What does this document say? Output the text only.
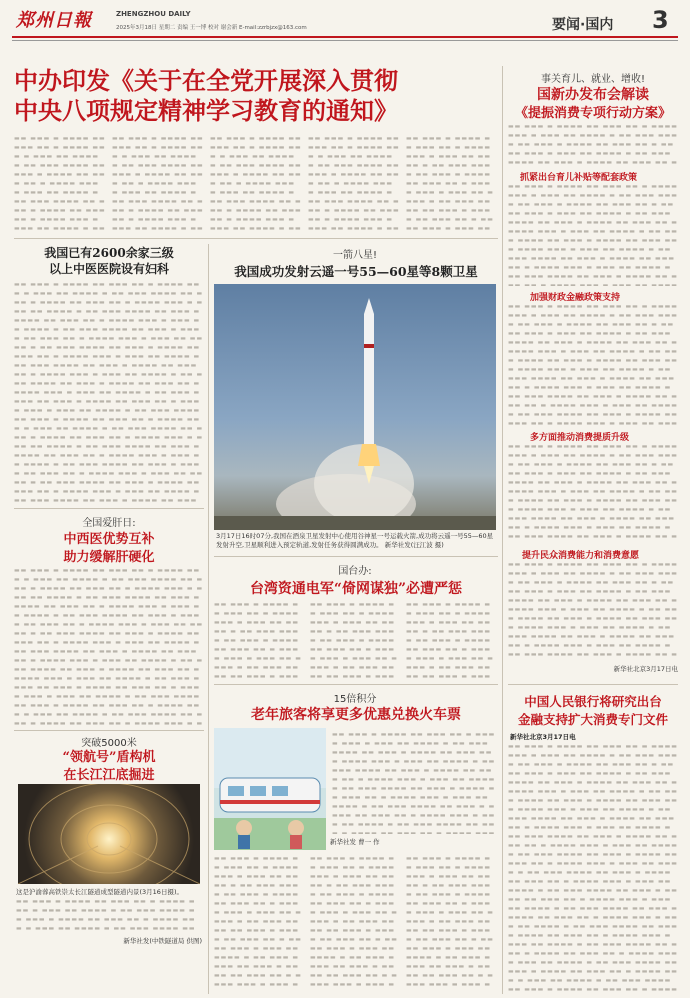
郑州日報	ZHENGZHOU DAILY
2025年3月18日 星期二 责编 王一博 校对 谢会新 E-mail:zzrbjzx@163.com	要闻·国内 3
中办印发《关于在全党开展深入贯彻
中央八项规定精神学习教育的通知》
▬▬ ▬▬▬ ▬ ▬▬▬▬ ▬▬ ▬▬▬ ▬▬ ▬ ▬▬▬▬ ▬▬▬ ▬ ▬▬▬ ▬▬ ▬▬▬▬ ▬ ▬▬ ▬▬▬ ▬▬▬▬ ▬▬ ▬▬▬ ▬ ▬▬▬▬ ▬▬ ▬▬▬ ▬▬ ▬ ▬▬▬▬ ▬▬▬ ▬ ▬▬▬ ▬▬ ▬▬▬▬ ▬ ▬▬ ▬▬▬ ▬▬▬▬ ▬▬ ▬▬▬ ▬ ▬▬▬▬ ▬▬ ▬▬▬ ▬▬ ▬ ▬▬▬▬ ▬▬▬ ▬ ▬▬▬ ▬▬ ▬▬▬▬ ▬ ▬▬ ▬▬▬ ▬▬▬▬ ▬▬ ▬▬▬ ▬ ▬▬▬▬ ▬▬ ▬▬▬ ▬▬ ▬ ▬▬▬▬ ▬▬▬ ▬ ▬▬▬ ▬▬ ▬▬▬▬ ▬ ▬▬ ▬▬▬ ▬▬▬▬ ▬▬ ▬▬▬ ▬ ▬▬▬▬ ▬▬ ▬▬▬ ▬▬ ▬ ▬▬▬▬ ▬▬▬ ▬ ▬▬▬ ▬▬ ▬▬▬▬ ▬ ▬▬ ▬▬▬ ▬▬▬▬ ▬▬ ▬▬▬ ▬ ▬▬▬▬ ▬▬ ▬▬▬ ▬▬ ▬ ▬▬▬▬ ▬▬▬ ▬ ▬▬▬ ▬▬ ▬▬▬▬ ▬ ▬▬ ▬▬▬ ▬▬▬▬ ▬▬ ▬▬▬ ▬ ▬▬▬▬ ▬▬ ▬▬▬ ▬▬ ▬ ▬▬▬▬ ▬▬▬ ▬ ▬▬▬ ▬▬ ▬▬▬▬ ▬ ▬▬ ▬▬▬ ▬▬▬▬ ▬▬ ▬▬▬ ▬ ▬▬▬▬ ▬▬ ▬▬▬ ▬▬ ▬ ▬▬▬▬ ▬▬▬ ▬ ▬▬▬ ▬▬ ▬▬▬▬ ▬ ▬▬ ▬▬▬ ▬▬▬▬ ▬▬ ▬▬▬ ▬ ▬▬▬▬ ▬▬ ▬▬▬ ▬▬ ▬ ▬▬▬▬ ▬▬▬ ▬ ▬▬▬ ▬▬ ▬▬▬▬ ▬ ▬▬ ▬▬▬ ▬▬▬▬ ▬▬ ▬▬▬ ▬ ▬▬▬▬ ▬▬ ▬▬▬ ▬▬ ▬ ▬▬▬▬ ▬▬▬ ▬ ▬▬▬ ▬▬ ▬▬▬▬ ▬ ▬▬ ▬▬▬ ▬▬▬▬ ▬▬ ▬▬▬ ▬ ▬▬▬▬ ▬▬ ▬▬▬ ▬▬ ▬ ▬▬▬▬ ▬▬▬ ▬ ▬▬▬ ▬▬ ▬▬▬▬ ▬ ▬▬ ▬▬▬ ▬▬▬▬ ▬▬ ▬▬▬ ▬ ▬▬▬▬ ▬▬ ▬▬▬ ▬▬ ▬ ▬▬▬▬ ▬▬▬ ▬ ▬▬▬ ▬▬ ▬▬▬▬ ▬ ▬▬ ▬▬▬ ▬▬▬▬ ▬▬ ▬▬▬ ▬ ▬▬▬▬ ▬▬ ▬▬▬ ▬▬ ▬ ▬▬▬▬ ▬▬▬ ▬ ▬▬▬ ▬▬ ▬▬▬▬ ▬ ▬▬ ▬▬▬ ▬▬▬▬ ▬▬ ▬▬▬ ▬ ▬▬▬▬ ▬▬ ▬▬▬ ▬▬ ▬ ▬▬▬▬ ▬▬▬ ▬ ▬▬▬ ▬▬ ▬▬▬▬ ▬ ▬▬ ▬▬▬ ▬▬▬▬ ▬▬ ▬▬▬ ▬ ▬▬▬▬ ▬▬ ▬▬▬ ▬▬ ▬ ▬▬▬▬ ▬▬▬ ▬ ▬▬▬ ▬▬ ▬▬▬▬ ▬ ▬▬ ▬▬▬ ▬▬▬▬ ▬▬ ▬▬▬ ▬ ▬▬▬▬ ▬▬ ▬▬▬ ▬▬ ▬ ▬▬▬▬ ▬▬▬ ▬ ▬▬▬ ▬▬ ▬▬▬▬ ▬ ▬▬ ▬▬▬ ▬▬▬▬ ▬▬ ▬▬▬ ▬ ▬▬▬▬ ▬▬ ▬▬▬ ▬▬ ▬ ▬▬▬▬ ▬▬▬ ▬ ▬▬▬ ▬▬ ▬▬▬▬ ▬ ▬▬ ▬▬▬ ▬▬▬▬ ▬▬ ▬▬▬ ▬ ▬▬▬▬ ▬▬ ▬▬▬ ▬▬ ▬ ▬▬▬▬ ▬▬▬ ▬ ▬▬▬ ▬▬ ▬▬▬▬ ▬ ▬▬ ▬▬▬ ▬▬▬▬ ▬▬ ▬▬▬ ▬ ▬▬▬▬ ▬▬ ▬▬▬ ▬▬ ▬ ▬▬▬▬ ▬▬▬ ▬ ▬▬▬ ▬▬ ▬▬▬▬ ▬ ▬▬ ▬▬▬ ▬▬▬▬ ▬▬ ▬▬▬ ▬ ▬▬▬▬ ▬▬ ▬▬▬ ▬▬ ▬ ▬▬▬▬ ▬▬▬ ▬ ▬▬▬ ▬▬ ▬▬▬▬ ▬ ▬▬ ▬▬▬ ▬▬▬▬ ▬▬ ▬▬▬ ▬ ▬▬▬▬ ▬▬ ▬▬▬ ▬▬ ▬ ▬▬▬▬ ▬▬▬ ▬ ▬▬▬ ▬▬ ▬▬▬▬ ▬ ▬▬ ▬▬▬ ▬▬▬▬ ▬▬ ▬▬▬ ▬ ▬▬▬▬ ▬▬ ▬▬▬ ▬▬ ▬ ▬▬▬▬ ▬▬▬ ▬ ▬▬▬ ▬▬ ▬▬▬▬ ▬ ▬▬ ▬▬▬ ▬▬▬▬ ▬▬ ▬▬▬ ▬ ▬▬▬▬ ▬▬ ▬▬▬ ▬▬ ▬ ▬▬▬▬ ▬▬▬ ▬ ▬▬▬ ▬▬ ▬▬▬▬ ▬ ▬▬ ▬▬▬ ▬▬▬▬ ▬▬ ▬▬▬ ▬ ▬▬▬▬ ▬▬ ▬▬▬ ▬▬ ▬ ▬▬▬▬ ▬▬▬ ▬ ▬▬▬ ▬▬ ▬▬▬▬ ▬ ▬▬ ▬▬▬ ▬▬▬▬ ▬▬ ▬▬▬ ▬ ▬▬▬▬ ▬▬ ▬▬▬ ▬▬ ▬ ▬▬▬▬ ▬▬▬ ▬ ▬▬▬ ▬▬ ▬▬▬▬ ▬ ▬▬ ▬▬▬ ▬▬▬▬ ▬▬ ▬▬▬ ▬ ▬▬▬▬ ▬▬ ▬▬▬ ▬▬ ▬ ▬▬▬▬ ▬▬▬ ▬ ▬▬▬ ▬▬ ▬▬▬▬ ▬ ▬▬ ▬▬▬ ▬▬▬▬ ▬▬ ▬▬▬ ▬ ▬▬▬▬ ▬▬ ▬▬▬ ▬▬ ▬ ▬▬▬▬ ▬▬▬ ▬ ▬▬▬ ▬▬ ▬▬▬▬ ▬ ▬▬ ▬▬▬ ▬▬▬▬ ▬▬ ▬▬▬ ▬ ▬▬▬▬ ▬▬ ▬▬▬ ▬▬ ▬ ▬▬▬▬ ▬▬▬ ▬ ▬▬▬ ▬▬ ▬▬▬▬ ▬ ▬▬ ▬▬▬ ▬▬▬▬ ▬▬ ▬▬▬ ▬ ▬▬▬▬ ▬▬ ▬▬▬ ▬▬ ▬ ▬▬▬▬ ▬▬▬ ▬ ▬▬▬ ▬▬ ▬▬▬▬ ▬ ▬▬ ▬▬▬ ▬▬▬▬ ▬▬ ▬▬▬ ▬ ▬▬▬▬ ▬▬ ▬▬▬ ▬▬ ▬ ▬▬▬▬ ▬▬▬ ▬ ▬▬▬ ▬▬ ▬▬▬▬ ▬ ▬▬ ▬▬▬ ▬▬▬▬ ▬▬ ▬▬▬ ▬ ▬▬▬▬ ▬▬ ▬▬▬ ▬▬ ▬ ▬▬▬▬ ▬▬▬ ▬ ▬▬▬ ▬▬ ▬▬▬▬ ▬ ▬▬ ▬▬▬ ▬▬▬▬ ▬▬ ▬▬▬ ▬
▬▬ ▬▬▬ ▬ ▬▬▬▬ ▬▬ ▬▬▬ ▬▬ ▬ ▬▬▬▬ ▬▬▬ ▬ ▬▬▬ ▬▬ ▬▬▬▬ ▬ ▬▬ ▬▬▬ ▬▬▬▬ ▬▬ ▬▬▬ ▬ ▬▬▬▬ ▬▬ ▬▬▬ ▬▬ ▬ ▬▬▬▬ ▬▬▬ ▬ ▬▬▬ ▬▬ ▬▬▬▬ ▬ ▬▬ ▬▬▬ ▬▬▬▬ ▬▬ ▬▬▬ ▬ ▬▬▬▬ ▬▬ ▬▬▬ ▬▬ ▬ ▬▬▬▬ ▬▬▬ ▬ ▬▬▬ ▬▬ ▬▬▬▬ ▬ ▬▬ ▬▬▬ ▬▬▬▬ ▬▬ ▬▬▬ ▬ ▬▬▬▬ ▬▬ ▬▬▬ ▬▬ ▬ ▬▬▬▬ ▬▬▬ ▬ ▬▬▬ ▬▬ ▬▬▬▬ ▬ ▬▬ ▬▬▬ ▬▬▬▬ ▬▬ ▬▬▬ ▬ ▬▬▬▬ ▬▬ ▬▬▬ ▬▬ ▬ ▬▬▬▬ ▬▬▬ ▬ ▬▬▬ ▬▬ ▬▬▬▬ ▬ ▬▬ ▬▬▬ ▬▬▬▬ ▬▬ ▬▬▬ ▬ ▬▬▬▬ ▬▬ ▬▬▬ ▬▬ ▬ ▬▬▬▬ ▬▬▬ ▬ ▬▬▬ ▬▬ ▬▬▬▬ ▬ ▬▬ ▬▬▬ ▬▬▬▬ ▬▬ ▬▬▬ ▬ ▬▬▬▬ ▬▬ ▬▬▬ ▬▬ ▬ ▬▬▬▬ ▬▬▬ ▬ ▬▬▬ ▬▬ ▬▬▬▬ ▬ ▬▬ ▬▬▬ ▬▬▬▬ ▬▬ ▬▬▬ ▬ ▬▬▬▬ ▬▬ ▬▬▬ ▬▬ ▬ ▬▬▬▬ ▬▬▬ ▬ ▬▬▬ ▬▬ ▬▬▬▬ ▬ ▬▬ ▬▬▬ ▬▬▬▬ ▬▬ ▬▬▬ ▬ ▬▬▬▬ ▬▬ ▬▬▬ ▬▬ ▬ ▬▬▬▬ ▬▬▬ ▬ ▬▬▬ ▬▬ ▬▬▬▬ ▬ ▬▬ ▬▬▬ ▬▬▬▬ ▬▬ ▬▬▬ ▬ ▬▬▬▬ ▬▬ ▬▬▬ ▬▬ ▬ ▬▬▬▬ ▬▬▬ ▬ ▬▬▬ ▬▬ ▬▬▬▬ ▬ ▬▬ ▬▬▬ ▬▬▬▬ ▬▬ ▬▬▬ ▬ ▬▬▬▬ ▬▬ ▬▬▬ ▬▬ ▬ ▬▬▬▬ ▬▬▬ ▬ ▬▬▬ ▬▬ ▬▬▬▬ ▬ ▬▬ ▬▬▬ ▬▬▬▬ ▬▬ ▬▬▬ ▬ ▬▬▬▬ ▬▬ ▬▬▬ ▬▬ ▬ ▬▬▬▬ ▬▬▬ ▬ ▬▬▬ ▬▬ ▬▬▬▬ ▬ ▬▬ ▬▬▬ ▬▬▬▬ ▬▬ ▬▬▬ ▬ ▬▬▬▬ ▬▬ ▬▬▬ ▬▬ ▬ ▬▬▬▬ ▬▬▬ ▬ ▬▬▬ ▬▬ ▬▬▬▬ ▬ ▬▬ ▬▬▬ ▬▬▬▬ ▬▬ ▬▬▬ ▬ ▬▬▬▬ ▬▬ ▬▬▬ ▬▬ ▬ ▬▬▬▬ ▬▬▬ ▬ ▬▬▬ ▬▬ ▬▬▬▬ ▬ ▬▬ ▬▬▬ ▬▬▬▬ ▬▬ ▬▬▬ ▬ ▬▬▬▬ ▬▬ ▬▬▬ ▬▬ ▬ ▬▬▬▬ ▬▬▬ ▬ ▬▬▬ ▬▬ ▬▬▬▬ ▬ ▬▬ ▬▬▬ ▬▬▬▬ ▬▬ ▬▬▬ ▬ ▬▬▬▬ ▬▬ ▬▬▬ ▬▬ ▬ ▬▬▬▬ ▬▬▬ ▬ ▬▬▬ ▬▬ ▬▬▬▬ ▬ ▬▬ ▬▬▬ ▬▬▬▬ ▬▬ ▬▬▬ ▬ ▬▬▬▬ ▬▬ ▬▬▬ ▬▬ ▬ ▬▬▬▬ ▬▬▬ ▬ ▬▬▬ ▬▬ ▬▬▬▬ ▬ ▬▬ ▬▬▬ ▬▬▬▬ ▬▬ ▬▬▬ ▬ ▬▬▬▬ ▬▬ ▬▬▬ ▬▬ ▬ ▬▬▬▬ ▬▬▬ ▬ ▬▬▬ ▬▬ ▬▬▬▬ ▬ ▬▬ ▬▬▬ ▬▬▬▬ ▬▬ ▬▬▬ ▬ ▬▬▬▬ ▬▬ ▬▬▬ ▬▬ ▬ ▬▬▬▬ ▬▬▬ ▬ ▬▬▬ ▬▬ ▬▬▬▬ ▬ ▬▬ ▬▬▬ ▬▬▬▬ ▬▬ ▬▬▬ ▬ ▬▬▬▬ ▬▬ ▬▬▬ ▬▬ ▬ ▬▬▬▬ ▬▬▬ ▬ ▬▬▬ ▬▬ ▬▬▬▬ ▬ ▬▬ ▬▬▬ ▬▬▬▬ ▬▬ ▬▬▬ ▬ ▬▬▬▬ ▬▬ ▬▬▬ ▬▬ ▬ ▬▬▬▬ ▬▬▬ ▬ ▬▬▬ ▬▬ ▬▬▬▬ ▬ ▬▬ ▬▬▬ ▬▬▬▬ ▬▬ ▬▬▬ ▬ ▬▬▬▬ ▬▬ ▬▬▬ ▬▬ ▬ ▬▬▬▬ ▬▬▬ ▬ ▬▬▬ ▬▬ ▬▬▬▬ ▬ ▬▬ ▬▬▬ ▬▬▬▬ ▬▬ ▬▬▬ ▬ ▬▬▬▬ ▬▬ ▬▬▬ ▬▬ ▬ ▬▬▬▬ ▬▬▬ ▬ ▬▬▬ ▬▬ ▬▬▬▬ ▬ ▬▬ ▬▬▬ ▬▬▬▬ ▬▬ ▬▬▬ ▬ ▬▬▬▬ ▬▬ ▬▬▬ ▬▬ ▬ ▬▬▬▬ ▬▬▬ ▬ ▬▬▬ ▬▬ ▬▬▬▬ ▬ ▬▬ ▬▬▬ ▬▬▬▬ ▬▬ ▬▬▬ ▬ ▬▬▬▬ ▬▬ ▬▬▬ ▬▬ ▬ ▬▬▬▬ ▬▬▬ ▬ ▬▬▬ ▬▬ ▬▬▬▬ ▬ ▬▬ ▬▬▬ ▬▬▬▬ ▬▬ ▬▬▬ ▬ ▬▬▬▬ ▬▬ ▬▬▬ ▬▬ ▬ ▬▬▬▬ ▬▬▬ ▬ ▬▬▬ ▬▬ ▬▬▬▬ ▬ ▬▬ ▬▬▬ ▬▬▬▬ ▬▬ ▬▬▬ ▬ ▬▬▬▬ ▬▬ ▬▬▬ ▬▬ ▬ ▬▬▬▬ ▬▬▬ ▬ ▬▬▬ ▬▬ ▬▬▬▬ ▬ ▬▬ ▬▬▬ ▬▬▬▬ ▬▬ ▬▬▬ ▬ ▬▬▬▬ ▬▬ ▬▬▬ ▬▬ ▬ ▬▬▬▬ ▬▬▬ ▬ ▬▬▬ ▬▬ ▬▬▬▬ ▬ ▬▬ ▬▬▬ ▬▬▬▬ ▬▬ ▬▬▬ ▬ ▬▬▬▬ ▬▬ ▬▬▬ ▬▬ ▬ ▬▬▬▬ ▬▬▬ ▬ ▬▬▬ ▬▬ ▬▬▬▬ ▬ ▬▬ ▬▬▬ ▬▬▬▬ ▬▬ ▬▬▬ ▬ ▬▬▬▬ ▬▬ ▬▬▬ ▬▬ ▬ ▬▬▬▬ ▬▬▬ ▬ ▬▬▬ ▬▬ ▬▬▬▬ ▬ ▬▬ ▬▬▬ ▬▬▬▬ ▬▬ ▬▬▬ ▬ ▬▬▬▬ ▬▬ ▬▬▬ ▬▬ ▬ ▬▬▬▬ ▬▬▬ ▬ ▬▬▬ ▬▬ ▬▬▬▬ ▬ ▬▬ ▬▬▬ ▬▬▬▬ ▬▬ ▬▬▬ ▬
▬▬ ▬▬▬ ▬ ▬▬▬▬ ▬▬ ▬▬▬ ▬▬ ▬ ▬▬▬▬ ▬▬▬ ▬ ▬▬▬ ▬▬ ▬▬▬▬ ▬ ▬▬ ▬▬▬ ▬▬▬▬ ▬▬ ▬▬▬ ▬ ▬▬▬▬ ▬▬ ▬▬▬ ▬▬ ▬ ▬▬▬▬ ▬▬▬ ▬ ▬▬▬ ▬▬ ▬▬▬▬ ▬ ▬▬ ▬▬▬ ▬▬▬▬ ▬▬ ▬▬▬ ▬ ▬▬▬▬ ▬▬ ▬▬▬ ▬▬ ▬ ▬▬▬▬ ▬▬▬ ▬ ▬▬▬ ▬▬ ▬▬▬▬ ▬ ▬▬ ▬▬▬ ▬▬▬▬ ▬▬ ▬▬▬ ▬ ▬▬▬▬ ▬▬ ▬▬▬ ▬▬ ▬ ▬▬▬▬ ▬▬▬ ▬ ▬▬▬ ▬▬ ▬▬▬▬ ▬ ▬▬ ▬▬▬ ▬▬▬▬ ▬▬ ▬▬▬ ▬ ▬▬▬▬ ▬▬ ▬▬▬ ▬▬ ▬ ▬▬▬▬ ▬▬▬ ▬ ▬▬▬ ▬▬ ▬▬▬▬ ▬ ▬▬ ▬▬▬ ▬▬▬▬ ▬▬ ▬▬▬ ▬ ▬▬▬▬ ▬▬ ▬▬▬ ▬▬ ▬ ▬▬▬▬ ▬▬▬ ▬ ▬▬▬ ▬▬ ▬▬▬▬ ▬ ▬▬ ▬▬▬ ▬▬▬▬ ▬▬ ▬▬▬ ▬ ▬▬▬▬ ▬▬ ▬▬▬ ▬▬ ▬ ▬▬▬▬ ▬▬▬ ▬ ▬▬▬ ▬▬ ▬▬▬▬ ▬ ▬▬ ▬▬▬ ▬▬▬▬ ▬▬ ▬▬▬ ▬ ▬▬▬▬ ▬▬ ▬▬▬ ▬▬ ▬ ▬▬▬▬ ▬▬▬ ▬ ▬▬▬ ▬▬ ▬▬▬▬ ▬ ▬▬ ▬▬▬ ▬▬▬▬ ▬▬ ▬▬▬ ▬ ▬▬▬▬ ▬▬ ▬▬▬ ▬▬ ▬ ▬▬▬▬ ▬▬▬ ▬ ▬▬▬ ▬▬ ▬▬▬▬ ▬ ▬▬ ▬▬▬ ▬▬▬▬ ▬▬ ▬▬▬ ▬ ▬▬▬▬ ▬▬ ▬▬▬ ▬▬ ▬ ▬▬▬▬ ▬▬▬ ▬ ▬▬▬ ▬▬ ▬▬▬▬ ▬ ▬▬ ▬▬▬ ▬▬▬▬ ▬▬ ▬▬▬ ▬ ▬▬▬▬ ▬▬ ▬▬▬ ▬▬ ▬ ▬▬▬▬ ▬▬▬ ▬ ▬▬▬ ▬▬ ▬▬▬▬ ▬ ▬▬ ▬▬▬ ▬▬▬▬ ▬▬ ▬▬▬ ▬ ▬▬▬▬ ▬▬ ▬▬▬ ▬▬ ▬ ▬▬▬▬ ▬▬▬ ▬ ▬▬▬ ▬▬ ▬▬▬▬ ▬ ▬▬ ▬▬▬ ▬▬▬▬ ▬▬ ▬▬▬ ▬ ▬▬▬▬ ▬▬ ▬▬▬ ▬▬ ▬ ▬▬▬▬ ▬▬▬ ▬ ▬▬▬ ▬▬ ▬▬▬▬ ▬ ▬▬ ▬▬▬ ▬▬▬▬ ▬▬ ▬▬▬ ▬ ▬▬▬▬ ▬▬ ▬▬▬ ▬▬ ▬ ▬▬▬▬ ▬▬▬ ▬ ▬▬▬ ▬▬ ▬▬▬▬ ▬ ▬▬ ▬▬▬ ▬▬▬▬ ▬▬ ▬▬▬ ▬ ▬▬▬▬ ▬▬ ▬▬▬ ▬▬ ▬ ▬▬▬▬ ▬▬▬ ▬ ▬▬▬ ▬▬ ▬▬▬▬ ▬ ▬▬ ▬▬▬ ▬▬▬▬ ▬▬ ▬▬▬ ▬ ▬▬▬▬ ▬▬ ▬▬▬ ▬▬ ▬ ▬▬▬▬ ▬▬▬ ▬ ▬▬▬ ▬▬ ▬▬▬▬ ▬ ▬▬ ▬▬▬ ▬▬▬▬ ▬▬ ▬▬▬ ▬ ▬▬▬▬ ▬▬ ▬▬▬ ▬▬ ▬ ▬▬▬▬ ▬▬▬ ▬ ▬▬▬ ▬▬ ▬▬▬▬ ▬ ▬▬ ▬▬▬ ▬▬▬▬ ▬▬ ▬▬▬ ▬ ▬▬▬▬ ▬▬ ▬▬▬ ▬▬ ▬ ▬▬▬▬ ▬▬▬ ▬ ▬▬▬ ▬▬ ▬▬▬▬ ▬ ▬▬ ▬▬▬ ▬▬▬▬ ▬▬ ▬▬▬ ▬ ▬▬▬▬ ▬▬ ▬▬▬ ▬▬ ▬ ▬▬▬▬ ▬▬▬ ▬ ▬▬▬ ▬▬ ▬▬▬▬ ▬ ▬▬ ▬▬▬ ▬▬▬▬ ▬▬ ▬▬▬ ▬ ▬▬▬▬ ▬▬ ▬▬▬ ▬▬ ▬ ▬▬▬▬ ▬▬▬ ▬ ▬▬▬ ▬▬ ▬▬▬▬ ▬ ▬▬ ▬▬▬ ▬▬▬▬ ▬▬ ▬▬▬ ▬ ▬▬▬▬ ▬▬ ▬▬▬ ▬▬ ▬ ▬▬▬▬ ▬▬▬ ▬ ▬▬▬ ▬▬ ▬▬▬▬ ▬ ▬▬ ▬▬▬ ▬▬▬▬ ▬▬ ▬▬▬ ▬ ▬▬▬▬ ▬▬ ▬▬▬ ▬▬ ▬ ▬▬▬▬ ▬▬▬ ▬ ▬▬▬ ▬▬ ▬▬▬▬ ▬ ▬▬ ▬▬▬ ▬▬▬▬ ▬▬ ▬▬▬ ▬ ▬▬▬▬ ▬▬ ▬▬▬ ▬▬ ▬ ▬▬▬▬ ▬▬▬ ▬ ▬▬▬ ▬▬ ▬▬▬▬ ▬ ▬▬ ▬▬▬ ▬▬▬▬ ▬▬ ▬▬▬ ▬ ▬▬▬▬ ▬▬ ▬▬▬ ▬▬ ▬ ▬▬▬▬ ▬▬▬ ▬ ▬▬▬ ▬▬ ▬▬▬▬ ▬ ▬▬ ▬▬▬ ▬▬▬▬ ▬▬ ▬▬▬ ▬ ▬▬▬▬ ▬▬ ▬▬▬ ▬▬ ▬ ▬▬▬▬ ▬▬▬ ▬ ▬▬▬ ▬▬ ▬▬▬▬ ▬ ▬▬ ▬▬▬ ▬▬▬▬ ▬▬ ▬▬▬ ▬ ▬▬▬▬ ▬▬ ▬▬▬ ▬▬ ▬ ▬▬▬▬ ▬▬▬ ▬ ▬▬▬ ▬▬ ▬▬▬▬ ▬ ▬▬ ▬▬▬ ▬▬▬▬ ▬▬ ▬▬▬ ▬ ▬▬▬▬ ▬▬ ▬▬▬ ▬▬ ▬ ▬▬▬▬ ▬▬▬ ▬ ▬▬▬ ▬▬ ▬▬▬▬ ▬ ▬▬ ▬▬▬ ▬▬▬▬ ▬▬ ▬▬▬ ▬ ▬▬▬▬ ▬▬ ▬▬▬ ▬▬ ▬ ▬▬▬▬ ▬▬▬ ▬ ▬▬▬ ▬▬ ▬▬▬▬ ▬ ▬▬ ▬▬▬ ▬▬▬▬ ▬▬ ▬▬▬ ▬ ▬▬▬▬ ▬▬ ▬▬▬ ▬▬ ▬ ▬▬▬▬ ▬▬▬ ▬ ▬▬▬ ▬▬ ▬▬▬▬ ▬ ▬▬ ▬▬▬ ▬▬▬▬ ▬▬ ▬▬▬ ▬ ▬▬▬▬ ▬▬ ▬▬▬ ▬▬ ▬ ▬▬▬▬ ▬▬▬ ▬ ▬▬▬ ▬▬ ▬▬▬▬ ▬ ▬▬ ▬▬▬ ▬▬▬▬ ▬▬ ▬▬▬ ▬ ▬▬▬▬ ▬▬ ▬▬▬ ▬▬ ▬ ▬▬▬▬ ▬▬▬ ▬ ▬▬▬ ▬▬ ▬▬▬▬ ▬ ▬▬ ▬▬▬ ▬▬▬▬ ▬▬ ▬▬▬ ▬
▬▬ ▬▬▬ ▬ ▬▬▬▬ ▬▬ ▬▬▬ ▬▬ ▬ ▬▬▬▬ ▬▬▬ ▬ ▬▬▬ ▬▬ ▬▬▬▬ ▬ ▬▬ ▬▬▬ ▬▬▬▬ ▬▬ ▬▬▬ ▬ ▬▬▬▬ ▬▬ ▬▬▬ ▬▬ ▬ ▬▬▬▬ ▬▬▬ ▬ ▬▬▬ ▬▬ ▬▬▬▬ ▬ ▬▬ ▬▬▬ ▬▬▬▬ ▬▬ ▬▬▬ ▬ ▬▬▬▬ ▬▬ ▬▬▬ ▬▬ ▬ ▬▬▬▬ ▬▬▬ ▬ ▬▬▬ ▬▬ ▬▬▬▬ ▬ ▬▬ ▬▬▬ ▬▬▬▬ ▬▬ ▬▬▬ ▬ ▬▬▬▬ ▬▬ ▬▬▬ ▬▬ ▬ ▬▬▬▬ ▬▬▬ ▬ ▬▬▬ ▬▬ ▬▬▬▬ ▬ ▬▬ ▬▬▬ ▬▬▬▬ ▬▬ ▬▬▬ ▬ ▬▬▬▬ ▬▬ ▬▬▬ ▬▬ ▬ ▬▬▬▬ ▬▬▬ ▬ ▬▬▬ ▬▬ ▬▬▬▬ ▬ ▬▬ ▬▬▬ ▬▬▬▬ ▬▬ ▬▬▬ ▬ ▬▬▬▬ ▬▬ ▬▬▬ ▬▬ ▬ ▬▬▬▬ ▬▬▬ ▬ ▬▬▬ ▬▬ ▬▬▬▬ ▬ ▬▬ ▬▬▬ ▬▬▬▬ ▬▬ ▬▬▬ ▬ ▬▬▬▬ ▬▬ ▬▬▬ ▬▬ ▬ ▬▬▬▬ ▬▬▬ ▬ ▬▬▬ ▬▬ ▬▬▬▬ ▬ ▬▬ ▬▬▬ ▬▬▬▬ ▬▬ ▬▬▬ ▬ ▬▬▬▬ ▬▬ ▬▬▬ ▬▬ ▬ ▬▬▬▬ ▬▬▬ ▬ ▬▬▬ ▬▬ ▬▬▬▬ ▬ ▬▬ ▬▬▬ ▬▬▬▬ ▬▬ ▬▬▬ ▬ ▬▬▬▬ ▬▬ ▬▬▬ ▬▬ ▬ ▬▬▬▬ ▬▬▬ ▬ ▬▬▬ ▬▬ ▬▬▬▬ ▬ ▬▬ ▬▬▬ ▬▬▬▬ ▬▬ ▬▬▬ ▬ ▬▬▬▬ ▬▬ ▬▬▬ ▬▬ ▬ ▬▬▬▬ ▬▬▬ ▬ ▬▬▬ ▬▬ ▬▬▬▬ ▬ ▬▬ ▬▬▬ ▬▬▬▬ ▬▬ ▬▬▬ ▬ ▬▬▬▬ ▬▬ ▬▬▬ ▬▬ ▬ ▬▬▬▬ ▬▬▬ ▬ ▬▬▬ ▬▬ ▬▬▬▬ ▬ ▬▬ ▬▬▬ ▬▬▬▬ ▬▬ ▬▬▬ ▬ ▬▬▬▬ ▬▬ ▬▬▬ ▬▬ ▬ ▬▬▬▬ ▬▬▬ ▬ ▬▬▬ ▬▬ ▬▬▬▬ ▬ ▬▬ ▬▬▬ ▬▬▬▬ ▬▬ ▬▬▬ ▬ ▬▬▬▬ ▬▬ ▬▬▬ ▬▬ ▬ ▬▬▬▬ ▬▬▬ ▬ ▬▬▬ ▬▬ ▬▬▬▬ ▬ ▬▬ ▬▬▬ ▬▬▬▬ ▬▬ ▬▬▬ ▬ ▬▬▬▬ ▬▬ ▬▬▬ ▬▬ ▬ ▬▬▬▬ ▬▬▬ ▬ ▬▬▬ ▬▬ ▬▬▬▬ ▬ ▬▬ ▬▬▬ ▬▬▬▬ ▬▬ ▬▬▬ ▬ ▬▬▬▬ ▬▬ ▬▬▬ ▬▬ ▬ ▬▬▬▬ ▬▬▬ ▬ ▬▬▬ ▬▬ ▬▬▬▬ ▬ ▬▬ ▬▬▬ ▬▬▬▬ ▬▬ ▬▬▬ ▬ ▬▬▬▬ ▬▬ ▬▬▬ ▬▬ ▬ ▬▬▬▬ ▬▬▬ ▬ ▬▬▬ ▬▬ ▬▬▬▬ ▬ ▬▬ ▬▬▬ ▬▬▬▬ ▬▬ ▬▬▬ ▬ ▬▬▬▬ ▬▬ ▬▬▬ ▬▬ ▬ ▬▬▬▬ ▬▬▬ ▬ ▬▬▬ ▬▬ ▬▬▬▬ ▬ ▬▬ ▬▬▬ ▬▬▬▬ ▬▬ ▬▬▬ ▬ ▬▬▬▬ ▬▬ ▬▬▬ ▬▬ ▬ ▬▬▬▬ ▬▬▬ ▬ ▬▬▬ ▬▬ ▬▬▬▬ ▬ ▬▬ ▬▬▬ ▬▬▬▬ ▬▬ ▬▬▬ ▬ ▬▬▬▬ ▬▬ ▬▬▬ ▬▬ ▬ ▬▬▬▬ ▬▬▬ ▬ ▬▬▬ ▬▬ ▬▬▬▬ ▬ ▬▬ ▬▬▬ ▬▬▬▬ ▬▬ ▬▬▬ ▬ ▬▬▬▬ ▬▬ ▬▬▬ ▬▬ ▬ ▬▬▬▬ ▬▬▬ ▬ ▬▬▬ ▬▬ ▬▬▬▬ ▬ ▬▬ ▬▬▬ ▬▬▬▬ ▬▬ ▬▬▬ ▬ ▬▬▬▬ ▬▬ ▬▬▬ ▬▬ ▬ ▬▬▬▬ ▬▬▬ ▬ ▬▬▬ ▬▬ ▬▬▬▬ ▬ ▬▬ ▬▬▬ ▬▬▬▬ ▬▬ ▬▬▬ ▬ ▬▬▬▬ ▬▬ ▬▬▬ ▬▬ ▬ ▬▬▬▬ ▬▬▬ ▬ ▬▬▬ ▬▬ ▬▬▬▬ ▬ ▬▬ ▬▬▬ ▬▬▬▬ ▬▬ ▬▬▬ ▬ ▬▬▬▬ ▬▬ ▬▬▬ ▬▬ ▬ ▬▬▬▬ ▬▬▬ ▬ ▬▬▬ ▬▬ ▬▬▬▬ ▬ ▬▬ ▬▬▬ ▬▬▬▬ ▬▬ ▬▬▬ ▬ ▬▬▬▬ ▬▬ ▬▬▬ ▬▬ ▬ ▬▬▬▬ ▬▬▬ ▬ ▬▬▬ ▬▬ ▬▬▬▬ ▬ ▬▬ ▬▬▬ ▬▬▬▬ ▬▬ ▬▬▬ ▬ ▬▬▬▬ ▬▬ ▬▬▬ ▬▬ ▬ ▬▬▬▬ ▬▬▬ ▬ ▬▬▬ ▬▬ ▬▬▬▬ ▬ ▬▬ ▬▬▬ ▬▬▬▬ ▬▬ ▬▬▬ ▬ ▬▬▬▬ ▬▬ ▬▬▬ ▬▬ ▬ ▬▬▬▬ ▬▬▬ ▬ ▬▬▬ ▬▬ ▬▬▬▬ ▬ ▬▬ ▬▬▬ ▬▬▬▬ ▬▬ ▬▬▬ ▬ ▬▬▬▬ ▬▬ ▬▬▬ ▬▬ ▬ ▬▬▬▬ ▬▬▬ ▬ ▬▬▬ ▬▬ ▬▬▬▬ ▬ ▬▬ ▬▬▬ ▬▬▬▬ ▬▬ ▬▬▬ ▬ ▬▬▬▬ ▬▬ ▬▬▬ ▬▬ ▬ ▬▬▬▬ ▬▬▬ ▬ ▬▬▬ ▬▬ ▬▬▬▬ ▬ ▬▬ ▬▬▬ ▬▬▬▬ ▬▬ ▬▬▬ ▬ ▬▬▬▬ ▬▬ ▬▬▬ ▬▬ ▬ ▬▬▬▬ ▬▬▬ ▬ ▬▬▬ ▬▬ ▬▬▬▬ ▬ ▬▬ ▬▬▬ ▬▬▬▬ ▬▬ ▬▬▬ ▬ ▬▬▬▬ ▬▬ ▬▬▬ ▬▬ ▬ ▬▬▬▬ ▬▬▬ ▬ ▬▬▬ ▬▬ ▬▬▬▬ ▬ ▬▬ ▬▬▬ ▬▬▬▬ ▬▬ ▬▬▬ ▬ ▬▬▬▬ ▬▬ ▬▬▬ ▬▬ ▬ ▬▬▬▬ ▬▬▬ ▬ ▬▬▬ ▬▬ ▬▬▬▬ ▬ ▬▬ ▬▬▬ ▬▬▬▬ ▬▬ ▬▬▬ ▬
▬▬ ▬▬▬ ▬ ▬▬▬▬ ▬▬ ▬▬▬ ▬▬ ▬ ▬▬▬▬ ▬▬▬ ▬ ▬▬▬ ▬▬ ▬▬▬▬ ▬ ▬▬ ▬▬▬ ▬▬▬▬ ▬▬ ▬▬▬ ▬ ▬▬▬▬ ▬▬ ▬▬▬ ▬▬ ▬ ▬▬▬▬ ▬▬▬ ▬ ▬▬▬ ▬▬ ▬▬▬▬ ▬ ▬▬ ▬▬▬ ▬▬▬▬ ▬▬ ▬▬▬ ▬ ▬▬▬▬ ▬▬ ▬▬▬ ▬▬ ▬ ▬▬▬▬ ▬▬▬ ▬ ▬▬▬ ▬▬ ▬▬▬▬ ▬ ▬▬ ▬▬▬ ▬▬▬▬ ▬▬ ▬▬▬ ▬ ▬▬▬▬ ▬▬ ▬▬▬ ▬▬ ▬ ▬▬▬▬ ▬▬▬ ▬ ▬▬▬ ▬▬ ▬▬▬▬ ▬ ▬▬ ▬▬▬ ▬▬▬▬ ▬▬ ▬▬▬ ▬ ▬▬▬▬ ▬▬ ▬▬▬ ▬▬ ▬ ▬▬▬▬ ▬▬▬ ▬ ▬▬▬ ▬▬ ▬▬▬▬ ▬ ▬▬ ▬▬▬ ▬▬▬▬ ▬▬ ▬▬▬ ▬ ▬▬▬▬ ▬▬ ▬▬▬ ▬▬ ▬ ▬▬▬▬ ▬▬▬ ▬ ▬▬▬ ▬▬ ▬▬▬▬ ▬ ▬▬ ▬▬▬ ▬▬▬▬ ▬▬ ▬▬▬ ▬ ▬▬▬▬ ▬▬ ▬▬▬ ▬▬ ▬ ▬▬▬▬ ▬▬▬ ▬ ▬▬▬ ▬▬ ▬▬▬▬ ▬ ▬▬ ▬▬▬ ▬▬▬▬ ▬▬ ▬▬▬ ▬ ▬▬▬▬ ▬▬ ▬▬▬ ▬▬ ▬ ▬▬▬▬ ▬▬▬ ▬ ▬▬▬ ▬▬ ▬▬▬▬ ▬ ▬▬ ▬▬▬ ▬▬▬▬ ▬▬ ▬▬▬ ▬ ▬▬▬▬ ▬▬ ▬▬▬ ▬▬ ▬ ▬▬▬▬ ▬▬▬ ▬ ▬▬▬ ▬▬ ▬▬▬▬ ▬ ▬▬ ▬▬▬ ▬▬▬▬ ▬▬ ▬▬▬ ▬ ▬▬▬▬ ▬▬ ▬▬▬ ▬▬ ▬ ▬▬▬▬ ▬▬▬ ▬ ▬▬▬ ▬▬ ▬▬▬▬ ▬ ▬▬ ▬▬▬ ▬▬▬▬ ▬▬ ▬▬▬ ▬ ▬▬▬▬ ▬▬ ▬▬▬ ▬▬ ▬ ▬▬▬▬ ▬▬▬ ▬ ▬▬▬ ▬▬ ▬▬▬▬ ▬ ▬▬ ▬▬▬ ▬▬▬▬ ▬▬ ▬▬▬ ▬ ▬▬▬▬ ▬▬ ▬▬▬ ▬▬ ▬ ▬▬▬▬ ▬▬▬ ▬ ▬▬▬ ▬▬ ▬▬▬▬ ▬ ▬▬ ▬▬▬ ▬▬▬▬ ▬▬ ▬▬▬ ▬ ▬▬▬▬ ▬▬ ▬▬▬ ▬▬ ▬ ▬▬▬▬ ▬▬▬ ▬ ▬▬▬ ▬▬ ▬▬▬▬ ▬ ▬▬ ▬▬▬ ▬▬▬▬ ▬▬ ▬▬▬ ▬ ▬▬▬▬ ▬▬ ▬▬▬ ▬▬ ▬ ▬▬▬▬ ▬▬▬ ▬ ▬▬▬ ▬▬ ▬▬▬▬ ▬ ▬▬ ▬▬▬ ▬▬▬▬ ▬▬ ▬▬▬ ▬ ▬▬▬▬ ▬▬ ▬▬▬ ▬▬ ▬ ▬▬▬▬ ▬▬▬ ▬ ▬▬▬ ▬▬ ▬▬▬▬ ▬ ▬▬ ▬▬▬ ▬▬▬▬ ▬▬ ▬▬▬ ▬ ▬▬▬▬ ▬▬ ▬▬▬ ▬▬ ▬ ▬▬▬▬ ▬▬▬ ▬ ▬▬▬ ▬▬ ▬▬▬▬ ▬ ▬▬ ▬▬▬ ▬▬▬▬ ▬▬ ▬▬▬ ▬ ▬▬▬▬ ▬▬ ▬▬▬ ▬▬ ▬ ▬▬▬▬ ▬▬▬ ▬ ▬▬▬ ▬▬ ▬▬▬▬ ▬ ▬▬ ▬▬▬ ▬▬▬▬ ▬▬ ▬▬▬ ▬ ▬▬▬▬ ▬▬ ▬▬▬ ▬▬ ▬ ▬▬▬▬ ▬▬▬ ▬ ▬▬▬ ▬▬ ▬▬▬▬ ▬ ▬▬ ▬▬▬ ▬▬▬▬ ▬▬ ▬▬▬ ▬ ▬▬▬▬ ▬▬ ▬▬▬ ▬▬ ▬ ▬▬▬▬ ▬▬▬ ▬ ▬▬▬ ▬▬ ▬▬▬▬ ▬ ▬▬ ▬▬▬ ▬▬▬▬ ▬▬ ▬▬▬ ▬ ▬▬▬▬ ▬▬ ▬▬▬ ▬▬ ▬ ▬▬▬▬ ▬▬▬ ▬ ▬▬▬ ▬▬ ▬▬▬▬ ▬ ▬▬ ▬▬▬ ▬▬▬▬ ▬▬ ▬▬▬ ▬ ▬▬▬▬ ▬▬ ▬▬▬ ▬▬ ▬ ▬▬▬▬ ▬▬▬ ▬ ▬▬▬ ▬▬ ▬▬▬▬ ▬ ▬▬ ▬▬▬ ▬▬▬▬ ▬▬ ▬▬▬ ▬ ▬▬▬▬ ▬▬ ▬▬▬ ▬▬ ▬ ▬▬▬▬ ▬▬▬ ▬ ▬▬▬ ▬▬ ▬▬▬▬ ▬ ▬▬ ▬▬▬ ▬▬▬▬ ▬▬ ▬▬▬ ▬ ▬▬▬▬ ▬▬ ▬▬▬ ▬▬ ▬ ▬▬▬▬ ▬▬▬ ▬ ▬▬▬ ▬▬ ▬▬▬▬ ▬ ▬▬ ▬▬▬ ▬▬▬▬ ▬▬ ▬▬▬ ▬ ▬▬▬▬ ▬▬ ▬▬▬ ▬▬ ▬ ▬▬▬▬ ▬▬▬ ▬ ▬▬▬ ▬▬ ▬▬▬▬ ▬ ▬▬ ▬▬▬ ▬▬▬▬ ▬▬ ▬▬▬ ▬ ▬▬▬▬ ▬▬ ▬▬▬ ▬▬ ▬ ▬▬▬▬ ▬▬▬ ▬ ▬▬▬ ▬▬ ▬▬▬▬ ▬ ▬▬ ▬▬▬ ▬▬▬▬ ▬▬ ▬▬▬ ▬ ▬▬▬▬ ▬▬ ▬▬▬ ▬▬ ▬ ▬▬▬▬ ▬▬▬ ▬ ▬▬▬ ▬▬ ▬▬▬▬ ▬ ▬▬ ▬▬▬ ▬▬▬▬ ▬▬ ▬▬▬ ▬ ▬▬▬▬ ▬▬ ▬▬▬ ▬▬ ▬ ▬▬▬▬ ▬▬▬ ▬ ▬▬▬ ▬▬ ▬▬▬▬ ▬ ▬▬ ▬▬▬ ▬▬▬▬ ▬▬ ▬▬▬ ▬ ▬▬▬▬ ▬▬ ▬▬▬ ▬▬ ▬ ▬▬▬▬ ▬▬▬ ▬ ▬▬▬ ▬▬ ▬▬▬▬ ▬ ▬▬ ▬▬▬ ▬▬▬▬ ▬▬ ▬▬▬ ▬ ▬▬▬▬ ▬▬ ▬▬▬ ▬▬ ▬ ▬▬▬▬ ▬▬▬ ▬ ▬▬▬ ▬▬ ▬▬▬▬ ▬ ▬▬ ▬▬▬ ▬▬▬▬ ▬▬ ▬▬▬ ▬ ▬▬▬▬ ▬▬ ▬▬▬ ▬▬ ▬ ▬▬▬▬ ▬▬▬ ▬ ▬▬▬ ▬▬ ▬▬▬▬ ▬ ▬▬ ▬▬▬ ▬▬▬▬ ▬▬ ▬▬▬ ▬ ▬▬▬▬ ▬▬ ▬▬▬ ▬▬ ▬ ▬▬▬▬ ▬▬▬ ▬ ▬▬▬ ▬▬ ▬▬▬▬ ▬ ▬▬ ▬▬▬ ▬▬▬▬ ▬▬ ▬▬▬ ▬
事关育儿、就业、增收!
国新办发布会解读
《提振消费专项行动方案》
▬▬ ▬▬▬ ▬ ▬▬▬▬ ▬▬ ▬▬▬ ▬▬ ▬ ▬▬▬▬ ▬▬▬ ▬ ▬▬▬ ▬▬ ▬▬▬▬ ▬ ▬▬ ▬▬▬ ▬▬▬▬ ▬▬ ▬▬▬ ▬ ▬▬▬▬ ▬▬ ▬▬▬ ▬▬ ▬ ▬▬▬▬ ▬▬▬ ▬ ▬▬▬ ▬▬ ▬▬▬▬ ▬ ▬▬ ▬▬▬ ▬▬▬▬ ▬▬ ▬▬▬ ▬ ▬▬▬▬ ▬▬ ▬▬▬ ▬▬ ▬ ▬▬▬▬ ▬▬▬ ▬ ▬▬▬ ▬▬ ▬▬▬▬ ▬ ▬▬ ▬▬▬ ▬▬▬▬ ▬▬ ▬▬▬ ▬ ▬▬▬▬ ▬▬ ▬▬▬ ▬▬ ▬ ▬▬▬▬ ▬▬▬ ▬ ▬▬▬ ▬▬ ▬▬▬▬ ▬ ▬▬ ▬▬▬ ▬▬▬▬ ▬▬ ▬▬▬ ▬ ▬▬▬▬ ▬▬ ▬▬▬ ▬▬ ▬ ▬▬▬▬ ▬▬▬ ▬ ▬▬▬ ▬▬ ▬▬▬▬ ▬ ▬▬ ▬▬▬ ▬▬▬▬ ▬▬ ▬▬▬ ▬ ▬▬▬▬ ▬▬ ▬▬▬ ▬▬ ▬ ▬▬▬▬ ▬▬▬ ▬ ▬▬▬ ▬▬ ▬▬▬▬ ▬ ▬▬ ▬▬▬ ▬▬▬▬ ▬▬ ▬▬▬ ▬ ▬▬▬▬ ▬▬ ▬▬▬ ▬▬ ▬ ▬▬▬▬ ▬▬▬ ▬ ▬▬▬ ▬▬ ▬▬▬▬ ▬ ▬▬ ▬▬▬ ▬▬▬▬ ▬▬ ▬▬▬ ▬ ▬▬▬▬ ▬▬ ▬▬▬ ▬▬ ▬ ▬▬▬▬ ▬▬▬ ▬ ▬▬▬ ▬▬ ▬▬▬▬ ▬ ▬▬ ▬▬▬ ▬▬▬▬ ▬▬ ▬▬▬ ▬ ▬▬▬▬ ▬▬ ▬▬▬ ▬▬ ▬ ▬▬▬▬ ▬▬▬ ▬ ▬▬▬ ▬▬ ▬▬▬▬ ▬ ▬▬ ▬▬▬ ▬▬▬▬ ▬▬ ▬▬▬ ▬ ▬▬▬▬ ▬▬ ▬▬▬ ▬▬ ▬ ▬▬▬▬ ▬▬▬ ▬ ▬▬▬ ▬▬ ▬▬▬▬ ▬ ▬▬ ▬▬▬ ▬▬▬▬ ▬▬ ▬▬▬ ▬ ▬▬▬▬ ▬▬ ▬▬▬ ▬▬ ▬ ▬▬▬▬ ▬▬▬ ▬ ▬▬▬ ▬▬ ▬▬▬▬ ▬ ▬▬ ▬▬▬ ▬▬▬▬ ▬▬ ▬▬▬ ▬ ▬▬▬▬ ▬▬ ▬▬▬ ▬▬ ▬ ▬▬▬▬ ▬▬▬ ▬ ▬▬▬ ▬▬ ▬▬▬▬ ▬ ▬▬ ▬▬▬ ▬▬▬▬ ▬▬ ▬▬▬ ▬ ▬▬▬▬ ▬▬ ▬▬▬ ▬▬ ▬ ▬▬▬▬ ▬▬▬ ▬ ▬▬▬ ▬▬ ▬▬▬▬ ▬ ▬▬ ▬▬▬ ▬▬▬▬ ▬▬ ▬▬▬ ▬ ▬▬▬▬ ▬▬ ▬▬▬ ▬▬ ▬ ▬▬▬▬ ▬▬▬ ▬ ▬▬▬ ▬▬ ▬▬▬▬ ▬ ▬▬ ▬▬▬ ▬▬▬▬ ▬▬ ▬▬▬ ▬ ▬▬▬▬ ▬▬ ▬▬▬ ▬▬ ▬ ▬▬▬▬ ▬▬▬ ▬ ▬▬▬ ▬▬ ▬▬▬▬ ▬ ▬▬ ▬▬▬ ▬▬▬▬ ▬▬ ▬▬▬ ▬ ▬▬▬▬ ▬▬ ▬▬▬ ▬▬ ▬ ▬▬▬▬ ▬▬▬ ▬ ▬▬▬ ▬▬ ▬▬▬▬ ▬ ▬▬ ▬▬▬ ▬▬▬▬ ▬▬ ▬▬▬ ▬ ▬▬▬▬ ▬▬ ▬▬▬ ▬▬ ▬ ▬▬▬▬ ▬▬▬ ▬ ▬▬▬ ▬▬ ▬▬▬▬ ▬ ▬▬ ▬▬▬ ▬▬▬▬ ▬▬ ▬▬▬ ▬ ▬▬▬▬ ▬▬ ▬▬▬ ▬▬ ▬ ▬▬▬▬ ▬▬▬ ▬ ▬▬▬ ▬▬ ▬▬▬▬ ▬ ▬▬ ▬▬▬ ▬▬▬▬ ▬▬ ▬▬▬ ▬ ▬▬▬▬ ▬▬ ▬▬▬ ▬▬ ▬ ▬▬▬▬ ▬▬▬ ▬ ▬▬▬ ▬▬ ▬▬▬▬ ▬ ▬▬ ▬▬▬ ▬▬▬▬ ▬▬ ▬▬▬ ▬ ▬▬▬▬ ▬▬ ▬▬▬ ▬▬ ▬ ▬▬▬▬ ▬▬▬ ▬ ▬▬▬ ▬▬ ▬▬▬▬ ▬ ▬▬ ▬▬▬ ▬▬▬▬ ▬▬ ▬▬▬ ▬ ▬▬▬▬ ▬▬ ▬▬▬ ▬▬ ▬ ▬▬▬▬ ▬▬▬ ▬ ▬▬▬ ▬▬ ▬▬▬▬ ▬ ▬▬ ▬▬▬ ▬▬▬▬ ▬▬ ▬▬▬ ▬ ▬▬▬▬ ▬▬ ▬▬▬ ▬▬ ▬ ▬▬▬▬ ▬▬▬ ▬ ▬▬▬ ▬▬ ▬▬▬▬ ▬ ▬▬ ▬▬▬ ▬▬▬▬ ▬▬ ▬▬▬ ▬ ▬▬▬▬ ▬▬ ▬▬▬ ▬▬ ▬ ▬▬▬▬ ▬▬▬ ▬ ▬▬▬ ▬▬ ▬▬▬▬ ▬ ▬▬ ▬▬▬ ▬▬▬▬ ▬▬ ▬▬▬ ▬ ▬▬▬▬ ▬▬ ▬▬▬ ▬▬ ▬ ▬▬▬▬ ▬▬▬ ▬ ▬▬▬ ▬▬ ▬▬▬▬ ▬ ▬▬ ▬▬▬ ▬▬▬▬ ▬▬ ▬▬▬ ▬ ▬▬▬▬ ▬▬ ▬▬▬ ▬▬ ▬ ▬▬▬▬ ▬▬▬ ▬ ▬▬▬ ▬▬ ▬▬▬▬ ▬ ▬▬ ▬▬▬ ▬▬▬▬ ▬▬ ▬▬▬ ▬ ▬▬▬▬ ▬▬ ▬▬▬ ▬▬ ▬ ▬▬▬▬ ▬▬▬ ▬ ▬▬▬ ▬▬ ▬▬▬▬ ▬ ▬▬ ▬▬▬ ▬▬▬▬ ▬▬ ▬▬▬ ▬ ▬▬▬▬ ▬▬ ▬▬▬ ▬▬ ▬ ▬▬▬▬ ▬▬▬ ▬ ▬▬▬ ▬▬ ▬▬▬▬ ▬ ▬▬ ▬▬▬ ▬▬▬▬ ▬▬ ▬▬▬ ▬ ▬▬▬▬ ▬▬ ▬▬▬ ▬▬ ▬ ▬▬▬▬ ▬▬▬ ▬ ▬▬▬ ▬▬ ▬▬▬▬ ▬ ▬▬ ▬▬▬ ▬▬▬▬ ▬▬ ▬▬▬ ▬ ▬▬▬▬ ▬▬ ▬▬▬ ▬▬ ▬ ▬▬▬▬ ▬▬▬ ▬ ▬▬▬ ▬▬ ▬▬▬▬ ▬ ▬▬ ▬▬▬ ▬▬▬▬ ▬▬ ▬▬▬ ▬ ▬▬▬▬ ▬▬ ▬▬▬ ▬▬ ▬ ▬▬▬▬ ▬▬▬ ▬ ▬▬▬ ▬▬ ▬▬▬▬ ▬ ▬▬ ▬▬▬ ▬▬▬▬ ▬▬ ▬▬▬ ▬ ▬▬▬▬ ▬▬ ▬▬▬ ▬▬ ▬ ▬▬▬▬ ▬▬▬ ▬ ▬▬▬ ▬▬ ▬▬▬▬ ▬ ▬▬ ▬▬▬ ▬▬▬▬ ▬▬ ▬▬▬ ▬
抓紧出台育儿补贴等配套政策
▬▬ ▬▬▬ ▬ ▬▬▬▬ ▬▬ ▬▬▬ ▬▬ ▬ ▬▬▬▬ ▬▬▬ ▬ ▬▬▬ ▬▬ ▬▬▬▬ ▬ ▬▬ ▬▬▬ ▬▬▬▬ ▬▬ ▬▬▬ ▬ ▬▬▬▬ ▬▬ ▬▬▬ ▬▬ ▬ ▬▬▬▬ ▬▬▬ ▬ ▬▬▬ ▬▬ ▬▬▬▬ ▬ ▬▬ ▬▬▬ ▬▬▬▬ ▬▬ ▬▬▬ ▬ ▬▬▬▬ ▬▬ ▬▬▬ ▬▬ ▬ ▬▬▬▬ ▬▬▬ ▬ ▬▬▬ ▬▬ ▬▬▬▬ ▬ ▬▬ ▬▬▬ ▬▬▬▬ ▬▬ ▬▬▬ ▬ ▬▬▬▬ ▬▬ ▬▬▬ ▬▬ ▬ ▬▬▬▬ ▬▬▬ ▬ ▬▬▬ ▬▬ ▬▬▬▬ ▬ ▬▬ ▬▬▬ ▬▬▬▬ ▬▬ ▬▬▬ ▬ ▬▬▬▬ ▬▬ ▬▬▬ ▬▬ ▬ ▬▬▬▬ ▬▬▬ ▬ ▬▬▬ ▬▬ ▬▬▬▬ ▬ ▬▬ ▬▬▬ ▬▬▬▬ ▬▬ ▬▬▬ ▬ ▬▬▬▬ ▬▬ ▬▬▬ ▬▬ ▬ ▬▬▬▬ ▬▬▬ ▬ ▬▬▬ ▬▬ ▬▬▬▬ ▬ ▬▬ ▬▬▬ ▬▬▬▬ ▬▬ ▬▬▬ ▬ ▬▬▬▬ ▬▬ ▬▬▬ ▬▬ ▬ ▬▬▬▬ ▬▬▬ ▬ ▬▬▬ ▬▬ ▬▬▬▬ ▬ ▬▬ ▬▬▬ ▬▬▬▬ ▬▬ ▬▬▬ ▬ ▬▬▬▬ ▬▬ ▬▬▬ ▬▬ ▬ ▬▬▬▬ ▬▬▬ ▬ ▬▬▬ ▬▬ ▬▬▬▬ ▬ ▬▬ ▬▬▬ ▬▬▬▬ ▬▬ ▬▬▬ ▬ ▬▬▬▬ ▬▬ ▬▬▬ ▬▬ ▬ ▬▬▬▬ ▬▬▬ ▬ ▬▬▬ ▬▬ ▬▬▬▬ ▬ ▬▬ ▬▬▬ ▬▬▬▬ ▬▬ ▬▬▬ ▬ ▬▬▬▬ ▬▬ ▬▬▬ ▬▬ ▬ ▬▬▬▬ ▬▬▬ ▬ ▬▬▬ ▬▬ ▬▬▬▬ ▬ ▬▬ ▬▬▬ ▬▬▬▬ ▬▬ ▬▬▬ ▬ ▬▬▬▬ ▬▬ ▬▬▬ ▬▬ ▬ ▬▬▬▬ ▬▬▬ ▬ ▬▬▬ ▬▬ ▬▬▬▬ ▬ ▬▬ ▬▬▬ ▬▬▬▬ ▬▬ ▬▬▬ ▬ ▬▬▬▬ ▬▬ ▬▬▬ ▬▬ ▬ ▬▬▬▬ ▬▬▬ ▬ ▬▬▬ ▬▬ ▬▬▬▬ ▬ ▬▬ ▬▬▬ ▬▬▬▬ ▬▬ ▬▬▬ ▬ ▬▬▬▬ ▬▬ ▬▬▬ ▬▬ ▬ ▬▬▬▬ ▬▬▬ ▬ ▬▬▬ ▬▬ ▬▬▬▬ ▬ ▬▬ ▬▬▬ ▬▬▬▬ ▬▬ ▬▬▬ ▬ ▬▬▬▬ ▬▬ ▬▬▬ ▬▬ ▬ ▬▬▬▬ ▬▬▬ ▬ ▬▬▬ ▬▬ ▬▬▬▬ ▬ ▬▬ ▬▬▬ ▬▬▬▬ ▬▬ ▬▬▬ ▬ ▬▬▬▬ ▬▬ ▬▬▬ ▬▬ ▬ ▬▬▬▬ ▬▬▬ ▬ ▬▬▬ ▬▬ ▬▬▬▬ ▬ ▬▬ ▬▬▬ ▬▬▬▬ ▬▬ ▬▬▬ ▬ ▬▬▬▬ ▬▬ ▬▬▬ ▬▬ ▬ ▬▬▬▬ ▬▬▬ ▬ ▬▬▬ ▬▬ ▬▬▬▬ ▬ ▬▬ ▬▬▬ ▬▬▬▬ ▬▬ ▬▬▬ ▬ ▬▬▬▬ ▬▬ ▬▬▬ ▬▬ ▬ ▬▬▬▬ ▬▬▬ ▬ ▬▬▬ ▬▬ ▬▬▬▬ ▬ ▬▬ ▬▬▬ ▬▬▬▬ ▬▬ ▬▬▬ ▬ ▬▬▬▬ ▬▬ ▬▬▬ ▬▬ ▬ ▬▬▬▬ ▬▬▬ ▬ ▬▬▬ ▬▬ ▬▬▬▬ ▬ ▬▬ ▬▬▬ ▬▬▬▬ ▬▬ ▬▬▬ ▬ ▬▬▬▬ ▬▬ ▬▬▬ ▬▬ ▬ ▬▬▬▬ ▬▬▬ ▬ ▬▬▬ ▬▬ ▬▬▬▬ ▬ ▬▬ ▬▬▬ ▬▬▬▬ ▬▬ ▬▬▬ ▬ ▬▬▬▬ ▬▬ ▬▬▬ ▬▬ ▬ ▬▬▬▬ ▬▬▬ ▬ ▬▬▬ ▬▬ ▬▬▬▬ ▬ ▬▬ ▬▬▬ ▬▬▬▬ ▬▬ ▬▬▬ ▬ ▬▬▬▬ ▬▬ ▬▬▬ ▬▬ ▬ ▬▬▬▬ ▬▬▬ ▬ ▬▬▬ ▬▬ ▬▬▬▬ ▬ ▬▬ ▬▬▬ ▬▬▬▬ ▬▬ ▬▬▬ ▬ ▬▬▬▬ ▬▬ ▬▬▬ ▬▬ ▬ ▬▬▬▬ ▬▬▬ ▬ ▬▬▬ ▬▬ ▬▬▬▬ ▬ ▬▬ ▬▬▬ ▬▬▬▬ ▬▬ ▬▬▬ ▬ ▬▬▬▬ ▬▬ ▬▬▬ ▬▬ ▬ ▬▬▬▬ ▬▬▬ ▬ ▬▬▬ ▬▬ ▬▬▬▬ ▬ ▬▬ ▬▬▬ ▬▬▬▬ ▬▬ ▬▬▬ ▬ ▬▬▬▬ ▬▬ ▬▬▬ ▬▬ ▬ ▬▬▬▬ ▬▬▬ ▬ ▬▬▬ ▬▬ ▬▬▬▬ ▬ ▬▬ ▬▬▬ ▬▬▬▬ ▬▬ ▬▬▬ ▬ ▬▬▬▬ ▬▬ ▬▬▬ ▬▬ ▬ ▬▬▬▬ ▬▬▬ ▬ ▬▬▬ ▬▬ ▬▬▬▬ ▬ ▬▬ ▬▬▬ ▬▬▬▬ ▬▬ ▬▬▬ ▬ ▬▬▬▬ ▬▬ ▬▬▬ ▬▬ ▬ ▬▬▬▬ ▬▬▬ ▬ ▬▬▬ ▬▬ ▬▬▬▬ ▬ ▬▬ ▬▬▬ ▬▬▬▬ ▬▬ ▬▬▬ ▬ ▬▬▬▬ ▬▬ ▬▬▬ ▬▬ ▬ ▬▬▬▬ ▬▬▬ ▬ ▬▬▬ ▬▬ ▬▬▬▬ ▬ ▬▬ ▬▬▬ ▬▬▬▬ ▬▬ ▬▬▬ ▬ ▬▬▬▬ ▬▬ ▬▬▬ ▬▬ ▬ ▬▬▬▬ ▬▬▬ ▬ ▬▬▬ ▬▬ ▬▬▬▬ ▬ ▬▬ ▬▬▬ ▬▬▬▬ ▬▬ ▬▬▬ ▬ ▬▬▬▬ ▬▬ ▬▬▬ ▬▬ ▬ ▬▬▬▬ ▬▬▬ ▬ ▬▬▬ ▬▬ ▬▬▬▬ ▬ ▬▬ ▬▬▬ ▬▬▬▬ ▬▬ ▬▬▬ ▬ ▬▬▬▬ ▬▬ ▬▬▬ ▬▬ ▬ ▬▬▬▬ ▬▬▬ ▬ ▬▬▬ ▬▬ ▬▬▬▬ ▬ ▬▬ ▬▬▬ ▬▬▬▬ ▬▬ ▬▬▬ ▬ ▬▬▬▬ ▬▬ ▬▬▬ ▬▬ ▬ ▬▬▬▬ ▬▬▬ ▬ ▬▬▬ ▬▬ ▬▬▬▬ ▬ ▬▬ ▬▬▬ ▬▬▬▬ ▬▬ ▬▬▬ ▬
加强财政金融政策支持
▬▬ ▬▬▬ ▬ ▬▬▬▬ ▬▬ ▬▬▬ ▬▬ ▬ ▬▬▬▬ ▬▬▬ ▬ ▬▬▬ ▬▬ ▬▬▬▬ ▬ ▬▬ ▬▬▬ ▬▬▬▬ ▬▬ ▬▬▬ ▬ ▬▬▬▬ ▬▬ ▬▬▬ ▬▬ ▬ ▬▬▬▬ ▬▬▬ ▬ ▬▬▬ ▬▬ ▬▬▬▬ ▬ ▬▬ ▬▬▬ ▬▬▬▬ ▬▬ ▬▬▬ ▬ ▬▬▬▬ ▬▬ ▬▬▬ ▬▬ ▬ ▬▬▬▬ ▬▬▬ ▬ ▬▬▬ ▬▬ ▬▬▬▬ ▬ ▬▬ ▬▬▬ ▬▬▬▬ ▬▬ ▬▬▬ ▬ ▬▬▬▬ ▬▬ ▬▬▬ ▬▬ ▬ ▬▬▬▬ ▬▬▬ ▬ ▬▬▬ ▬▬ ▬▬▬▬ ▬ ▬▬ ▬▬▬ ▬▬▬▬ ▬▬ ▬▬▬ ▬ ▬▬▬▬ ▬▬ ▬▬▬ ▬▬ ▬ ▬▬▬▬ ▬▬▬ ▬ ▬▬▬ ▬▬ ▬▬▬▬ ▬ ▬▬ ▬▬▬ ▬▬▬▬ ▬▬ ▬▬▬ ▬ ▬▬▬▬ ▬▬ ▬▬▬ ▬▬ ▬ ▬▬▬▬ ▬▬▬ ▬ ▬▬▬ ▬▬ ▬▬▬▬ ▬ ▬▬ ▬▬▬ ▬▬▬▬ ▬▬ ▬▬▬ ▬ ▬▬▬▬ ▬▬ ▬▬▬ ▬▬ ▬ ▬▬▬▬ ▬▬▬ ▬ ▬▬▬ ▬▬ ▬▬▬▬ ▬ ▬▬ ▬▬▬ ▬▬▬▬ ▬▬ ▬▬▬ ▬ ▬▬▬▬ ▬▬ ▬▬▬ ▬▬ ▬ ▬▬▬▬ ▬▬▬ ▬ ▬▬▬ ▬▬ ▬▬▬▬ ▬ ▬▬ ▬▬▬ ▬▬▬▬ ▬▬ ▬▬▬ ▬ ▬▬▬▬ ▬▬ ▬▬▬ ▬▬ ▬ ▬▬▬▬ ▬▬▬ ▬ ▬▬▬ ▬▬ ▬▬▬▬ ▬ ▬▬ ▬▬▬ ▬▬▬▬ ▬▬ ▬▬▬ ▬ ▬▬▬▬ ▬▬ ▬▬▬ ▬▬ ▬ ▬▬▬▬ ▬▬▬ ▬ ▬▬▬ ▬▬ ▬▬▬▬ ▬ ▬▬ ▬▬▬ ▬▬▬▬ ▬▬ ▬▬▬ ▬ ▬▬▬▬ ▬▬ ▬▬▬ ▬▬ ▬ ▬▬▬▬ ▬▬▬ ▬ ▬▬▬ ▬▬ ▬▬▬▬ ▬ ▬▬ ▬▬▬ ▬▬▬▬ ▬▬ ▬▬▬ ▬ ▬▬▬▬ ▬▬ ▬▬▬ ▬▬ ▬ ▬▬▬▬ ▬▬▬ ▬ ▬▬▬ ▬▬ ▬▬▬▬ ▬ ▬▬ ▬▬▬ ▬▬▬▬ ▬▬ ▬▬▬ ▬ ▬▬▬▬ ▬▬ ▬▬▬ ▬▬ ▬ ▬▬▬▬ ▬▬▬ ▬ ▬▬▬ ▬▬ ▬▬▬▬ ▬ ▬▬ ▬▬▬ ▬▬▬▬ ▬▬ ▬▬▬ ▬ ▬▬▬▬ ▬▬ ▬▬▬ ▬▬ ▬ ▬▬▬▬ ▬▬▬ ▬ ▬▬▬ ▬▬ ▬▬▬▬ ▬ ▬▬ ▬▬▬ ▬▬▬▬ ▬▬ ▬▬▬ ▬ ▬▬▬▬ ▬▬ ▬▬▬ ▬▬ ▬ ▬▬▬▬ ▬▬▬ ▬ ▬▬▬ ▬▬ ▬▬▬▬ ▬ ▬▬ ▬▬▬ ▬▬▬▬ ▬▬ ▬▬▬ ▬ ▬▬▬▬ ▬▬ ▬▬▬ ▬▬ ▬ ▬▬▬▬ ▬▬▬ ▬ ▬▬▬ ▬▬ ▬▬▬▬ ▬ ▬▬ ▬▬▬ ▬▬▬▬ ▬▬ ▬▬▬ ▬ ▬▬▬▬ ▬▬ ▬▬▬ ▬▬ ▬ ▬▬▬▬ ▬▬▬ ▬ ▬▬▬ ▬▬ ▬▬▬▬ ▬ ▬▬ ▬▬▬ ▬▬▬▬ ▬▬ ▬▬▬ ▬ ▬▬▬▬ ▬▬ ▬▬▬ ▬▬ ▬ ▬▬▬▬ ▬▬▬ ▬ ▬▬▬ ▬▬ ▬▬▬▬ ▬ ▬▬ ▬▬▬ ▬▬▬▬ ▬▬ ▬▬▬ ▬ ▬▬▬▬ ▬▬ ▬▬▬ ▬▬ ▬ ▬▬▬▬ ▬▬▬ ▬ ▬▬▬ ▬▬ ▬▬▬▬ ▬ ▬▬ ▬▬▬ ▬▬▬▬ ▬▬ ▬▬▬ ▬ ▬▬▬▬ ▬▬ ▬▬▬ ▬▬ ▬ ▬▬▬▬ ▬▬▬ ▬ ▬▬▬ ▬▬ ▬▬▬▬ ▬ ▬▬ ▬▬▬ ▬▬▬▬ ▬▬ ▬▬▬ ▬ ▬▬▬▬ ▬▬ ▬▬▬ ▬▬ ▬ ▬▬▬▬ ▬▬▬ ▬ ▬▬▬ ▬▬ ▬▬▬▬ ▬ ▬▬ ▬▬▬ ▬▬▬▬ ▬▬ ▬▬▬ ▬ ▬▬▬▬ ▬▬ ▬▬▬ ▬▬ ▬ ▬▬▬▬ ▬▬▬ ▬ ▬▬▬ ▬▬ ▬▬▬▬ ▬ ▬▬ ▬▬▬ ▬▬▬▬ ▬▬ ▬▬▬ ▬ ▬▬▬▬ ▬▬ ▬▬▬ ▬▬ ▬ ▬▬▬▬ ▬▬▬ ▬ ▬▬▬ ▬▬ ▬▬▬▬ ▬ ▬▬ ▬▬▬ ▬▬▬▬ ▬▬ ▬▬▬ ▬ ▬▬▬▬ ▬▬ ▬▬▬ ▬▬ ▬ ▬▬▬▬ ▬▬▬ ▬ ▬▬▬ ▬▬ ▬▬▬▬ ▬ ▬▬ ▬▬▬ ▬▬▬▬ ▬▬ ▬▬▬ ▬ ▬▬▬▬ ▬▬ ▬▬▬ ▬▬ ▬ ▬▬▬▬ ▬▬▬ ▬ ▬▬▬ ▬▬ ▬▬▬▬ ▬ ▬▬ ▬▬▬ ▬▬▬▬ ▬▬ ▬▬▬ ▬ ▬▬▬▬ ▬▬ ▬▬▬ ▬▬ ▬ ▬▬▬▬ ▬▬▬ ▬ ▬▬▬ ▬▬ ▬▬▬▬ ▬ ▬▬ ▬▬▬ ▬▬▬▬ ▬▬ ▬▬▬ ▬ ▬▬▬▬ ▬▬ ▬▬▬ ▬▬ ▬ ▬▬▬▬ ▬▬▬ ▬ ▬▬▬ ▬▬ ▬▬▬▬ ▬ ▬▬ ▬▬▬ ▬▬▬▬ ▬▬ ▬▬▬ ▬ ▬▬▬▬ ▬▬ ▬▬▬ ▬▬ ▬ ▬▬▬▬ ▬▬▬ ▬ ▬▬▬ ▬▬ ▬▬▬▬ ▬ ▬▬ ▬▬▬ ▬▬▬▬ ▬▬ ▬▬▬ ▬ ▬▬▬▬ ▬▬ ▬▬▬ ▬▬ ▬ ▬▬▬▬ ▬▬▬ ▬ ▬▬▬ ▬▬ ▬▬▬▬ ▬ ▬▬ ▬▬▬ ▬▬▬▬ ▬▬ ▬▬▬ ▬ ▬▬▬▬ ▬▬ ▬▬▬ ▬▬ ▬ ▬▬▬▬ ▬▬▬ ▬ ▬▬▬ ▬▬ ▬▬▬▬ ▬ ▬▬ ▬▬▬ ▬▬▬▬ ▬▬ ▬▬▬ ▬ ▬▬▬▬ ▬▬ ▬▬▬ ▬▬ ▬ ▬▬▬▬ ▬▬▬ ▬ ▬▬▬ ▬▬ ▬▬▬▬ ▬ ▬▬ ▬▬▬ ▬▬▬▬ ▬▬ ▬▬▬ ▬
多方面推动消费提质升级
▬▬ ▬▬▬ ▬ ▬▬▬▬ ▬▬ ▬▬▬ ▬▬ ▬ ▬▬▬▬ ▬▬▬ ▬ ▬▬▬ ▬▬ ▬▬▬▬ ▬ ▬▬ ▬▬▬ ▬▬▬▬ ▬▬ ▬▬▬ ▬ ▬▬▬▬ ▬▬ ▬▬▬ ▬▬ ▬ ▬▬▬▬ ▬▬▬ ▬ ▬▬▬ ▬▬ ▬▬▬▬ ▬ ▬▬ ▬▬▬ ▬▬▬▬ ▬▬ ▬▬▬ ▬ ▬▬▬▬ ▬▬ ▬▬▬ ▬▬ ▬ ▬▬▬▬ ▬▬▬ ▬ ▬▬▬ ▬▬ ▬▬▬▬ ▬ ▬▬ ▬▬▬ ▬▬▬▬ ▬▬ ▬▬▬ ▬ ▬▬▬▬ ▬▬ ▬▬▬ ▬▬ ▬ ▬▬▬▬ ▬▬▬ ▬ ▬▬▬ ▬▬ ▬▬▬▬ ▬ ▬▬ ▬▬▬ ▬▬▬▬ ▬▬ ▬▬▬ ▬ ▬▬▬▬ ▬▬ ▬▬▬ ▬▬ ▬ ▬▬▬▬ ▬▬▬ ▬ ▬▬▬ ▬▬ ▬▬▬▬ ▬ ▬▬ ▬▬▬ ▬▬▬▬ ▬▬ ▬▬▬ ▬ ▬▬▬▬ ▬▬ ▬▬▬ ▬▬ ▬ ▬▬▬▬ ▬▬▬ ▬ ▬▬▬ ▬▬ ▬▬▬▬ ▬ ▬▬ ▬▬▬ ▬▬▬▬ ▬▬ ▬▬▬ ▬ ▬▬▬▬ ▬▬ ▬▬▬ ▬▬ ▬ ▬▬▬▬ ▬▬▬ ▬ ▬▬▬ ▬▬ ▬▬▬▬ ▬ ▬▬ ▬▬▬ ▬▬▬▬ ▬▬ ▬▬▬ ▬ ▬▬▬▬ ▬▬ ▬▬▬ ▬▬ ▬ ▬▬▬▬ ▬▬▬ ▬ ▬▬▬ ▬▬ ▬▬▬▬ ▬ ▬▬ ▬▬▬ ▬▬▬▬ ▬▬ ▬▬▬ ▬ ▬▬▬▬ ▬▬ ▬▬▬ ▬▬ ▬ ▬▬▬▬ ▬▬▬ ▬ ▬▬▬ ▬▬ ▬▬▬▬ ▬ ▬▬ ▬▬▬ ▬▬▬▬ ▬▬ ▬▬▬ ▬ ▬▬▬▬ ▬▬ ▬▬▬ ▬▬ ▬ ▬▬▬▬ ▬▬▬ ▬ ▬▬▬ ▬▬ ▬▬▬▬ ▬ ▬▬ ▬▬▬ ▬▬▬▬ ▬▬ ▬▬▬ ▬ ▬▬▬▬ ▬▬ ▬▬▬ ▬▬ ▬ ▬▬▬▬ ▬▬▬ ▬ ▬▬▬ ▬▬ ▬▬▬▬ ▬ ▬▬ ▬▬▬ ▬▬▬▬ ▬▬ ▬▬▬ ▬ ▬▬▬▬ ▬▬ ▬▬▬ ▬▬ ▬ ▬▬▬▬ ▬▬▬ ▬ ▬▬▬ ▬▬ ▬▬▬▬ ▬ ▬▬ ▬▬▬ ▬▬▬▬ ▬▬ ▬▬▬ ▬ ▬▬▬▬ ▬▬ ▬▬▬ ▬▬ ▬ ▬▬▬▬ ▬▬▬ ▬ ▬▬▬ ▬▬ ▬▬▬▬ ▬ ▬▬ ▬▬▬ ▬▬▬▬ ▬▬ ▬▬▬ ▬ ▬▬▬▬ ▬▬ ▬▬▬ ▬▬ ▬ ▬▬▬▬ ▬▬▬ ▬ ▬▬▬ ▬▬ ▬▬▬▬ ▬ ▬▬ ▬▬▬ ▬▬▬▬ ▬▬ ▬▬▬ ▬ ▬▬▬▬ ▬▬ ▬▬▬ ▬▬ ▬ ▬▬▬▬ ▬▬▬ ▬ ▬▬▬ ▬▬ ▬▬▬▬ ▬ ▬▬ ▬▬▬ ▬▬▬▬ ▬▬ ▬▬▬ ▬ ▬▬▬▬ ▬▬ ▬▬▬ ▬▬ ▬ ▬▬▬▬ ▬▬▬ ▬ ▬▬▬ ▬▬ ▬▬▬▬ ▬ ▬▬ ▬▬▬ ▬▬▬▬ ▬▬ ▬▬▬ ▬ ▬▬▬▬ ▬▬ ▬▬▬ ▬▬ ▬ ▬▬▬▬ ▬▬▬ ▬ ▬▬▬ ▬▬ ▬▬▬▬ ▬ ▬▬ ▬▬▬ ▬▬▬▬ ▬▬ ▬▬▬ ▬ ▬▬▬▬ ▬▬ ▬▬▬ ▬▬ ▬ ▬▬▬▬ ▬▬▬ ▬ ▬▬▬ ▬▬ ▬▬▬▬ ▬ ▬▬ ▬▬▬ ▬▬▬▬ ▬▬ ▬▬▬ ▬ ▬▬▬▬ ▬▬ ▬▬▬ ▬▬ ▬ ▬▬▬▬ ▬▬▬ ▬ ▬▬▬ ▬▬ ▬▬▬▬ ▬ ▬▬ ▬▬▬ ▬▬▬▬ ▬▬ ▬▬▬ ▬ ▬▬▬▬ ▬▬ ▬▬▬ ▬▬ ▬ ▬▬▬▬ ▬▬▬ ▬ ▬▬▬ ▬▬ ▬▬▬▬ ▬ ▬▬ ▬▬▬ ▬▬▬▬ ▬▬ ▬▬▬ ▬ ▬▬▬▬ ▬▬ ▬▬▬ ▬▬ ▬ ▬▬▬▬ ▬▬▬ ▬ ▬▬▬ ▬▬ ▬▬▬▬ ▬ ▬▬ ▬▬▬ ▬▬▬▬ ▬▬ ▬▬▬ ▬ ▬▬▬▬ ▬▬ ▬▬▬ ▬▬ ▬ ▬▬▬▬ ▬▬▬ ▬ ▬▬▬ ▬▬ ▬▬▬▬ ▬ ▬▬ ▬▬▬ ▬▬▬▬ ▬▬ ▬▬▬ ▬ ▬▬▬▬ ▬▬ ▬▬▬ ▬▬ ▬ ▬▬▬▬ ▬▬▬ ▬ ▬▬▬ ▬▬ ▬▬▬▬ ▬ ▬▬ ▬▬▬ ▬▬▬▬ ▬▬ ▬▬▬ ▬ ▬▬▬▬ ▬▬ ▬▬▬ ▬▬ ▬ ▬▬▬▬ ▬▬▬ ▬ ▬▬▬ ▬▬ ▬▬▬▬ ▬ ▬▬ ▬▬▬ ▬▬▬▬ ▬▬ ▬▬▬ ▬ ▬▬▬▬ ▬▬ ▬▬▬ ▬▬ ▬ ▬▬▬▬ ▬▬▬ ▬ ▬▬▬ ▬▬ ▬▬▬▬ ▬ ▬▬ ▬▬▬ ▬▬▬▬ ▬▬ ▬▬▬ ▬ ▬▬▬▬ ▬▬ ▬▬▬ ▬▬ ▬ ▬▬▬▬ ▬▬▬ ▬ ▬▬▬ ▬▬ ▬▬▬▬ ▬ ▬▬ ▬▬▬ ▬▬▬▬ ▬▬ ▬▬▬ ▬ ▬▬▬▬ ▬▬ ▬▬▬ ▬▬ ▬ ▬▬▬▬ ▬▬▬ ▬ ▬▬▬ ▬▬ ▬▬▬▬ ▬ ▬▬ ▬▬▬ ▬▬▬▬ ▬▬ ▬▬▬ ▬ ▬▬▬▬ ▬▬ ▬▬▬ ▬▬ ▬ ▬▬▬▬ ▬▬▬ ▬ ▬▬▬ ▬▬ ▬▬▬▬ ▬ ▬▬ ▬▬▬ ▬▬▬▬ ▬▬ ▬▬▬ ▬ ▬▬▬▬ ▬▬ ▬▬▬ ▬▬ ▬ ▬▬▬▬ ▬▬▬ ▬ ▬▬▬ ▬▬ ▬▬▬▬ ▬ ▬▬ ▬▬▬ ▬▬▬▬ ▬▬ ▬▬▬ ▬ ▬▬▬▬ ▬▬ ▬▬▬ ▬▬ ▬ ▬▬▬▬ ▬▬▬ ▬ ▬▬▬ ▬▬ ▬▬▬▬ ▬ ▬▬ ▬▬▬ ▬▬▬▬ ▬▬ ▬▬▬ ▬ ▬▬▬▬ ▬▬ ▬▬▬ ▬▬ ▬ ▬▬▬▬ ▬▬▬ ▬ ▬▬▬ ▬▬ ▬▬▬▬ ▬ ▬▬ ▬▬▬ ▬▬▬▬ ▬▬ ▬▬▬ ▬
提升民众消费能力和消费意愿
▬▬ ▬▬▬ ▬ ▬▬▬▬ ▬▬ ▬▬▬ ▬▬ ▬ ▬▬▬▬ ▬▬▬ ▬ ▬▬▬ ▬▬ ▬▬▬▬ ▬ ▬▬ ▬▬▬ ▬▬▬▬ ▬▬ ▬▬▬ ▬ ▬▬▬▬ ▬▬ ▬▬▬ ▬▬ ▬ ▬▬▬▬ ▬▬▬ ▬ ▬▬▬ ▬▬ ▬▬▬▬ ▬ ▬▬ ▬▬▬ ▬▬▬▬ ▬▬ ▬▬▬ ▬ ▬▬▬▬ ▬▬ ▬▬▬ ▬▬ ▬ ▬▬▬▬ ▬▬▬ ▬ ▬▬▬ ▬▬ ▬▬▬▬ ▬ ▬▬ ▬▬▬ ▬▬▬▬ ▬▬ ▬▬▬ ▬ ▬▬▬▬ ▬▬ ▬▬▬ ▬▬ ▬ ▬▬▬▬ ▬▬▬ ▬ ▬▬▬ ▬▬ ▬▬▬▬ ▬ ▬▬ ▬▬▬ ▬▬▬▬ ▬▬ ▬▬▬ ▬ ▬▬▬▬ ▬▬ ▬▬▬ ▬▬ ▬ ▬▬▬▬ ▬▬▬ ▬ ▬▬▬ ▬▬ ▬▬▬▬ ▬ ▬▬ ▬▬▬ ▬▬▬▬ ▬▬ ▬▬▬ ▬ ▬▬▬▬ ▬▬ ▬▬▬ ▬▬ ▬ ▬▬▬▬ ▬▬▬ ▬ ▬▬▬ ▬▬ ▬▬▬▬ ▬ ▬▬ ▬▬▬ ▬▬▬▬ ▬▬ ▬▬▬ ▬ ▬▬▬▬ ▬▬ ▬▬▬ ▬▬ ▬ ▬▬▬▬ ▬▬▬ ▬ ▬▬▬ ▬▬ ▬▬▬▬ ▬ ▬▬ ▬▬▬ ▬▬▬▬ ▬▬ ▬▬▬ ▬ ▬▬▬▬ ▬▬ ▬▬▬ ▬▬ ▬ ▬▬▬▬ ▬▬▬ ▬ ▬▬▬ ▬▬ ▬▬▬▬ ▬ ▬▬ ▬▬▬ ▬▬▬▬ ▬▬ ▬▬▬ ▬ ▬▬▬▬ ▬▬ ▬▬▬ ▬▬ ▬ ▬▬▬▬ ▬▬▬ ▬ ▬▬▬ ▬▬ ▬▬▬▬ ▬ ▬▬ ▬▬▬ ▬▬▬▬ ▬▬ ▬▬▬ ▬ ▬▬▬▬ ▬▬ ▬▬▬ ▬▬ ▬ ▬▬▬▬ ▬▬▬ ▬ ▬▬▬ ▬▬ ▬▬▬▬ ▬ ▬▬ ▬▬▬ ▬▬▬▬ ▬▬ ▬▬▬ ▬ ▬▬▬▬ ▬▬ ▬▬▬ ▬▬ ▬ ▬▬▬▬ ▬▬▬ ▬ ▬▬▬ ▬▬ ▬▬▬▬ ▬ ▬▬ ▬▬▬ ▬▬▬▬ ▬▬ ▬▬▬ ▬ ▬▬▬▬ ▬▬ ▬▬▬ ▬▬ ▬ ▬▬▬▬ ▬▬▬ ▬ ▬▬▬ ▬▬ ▬▬▬▬ ▬ ▬▬ ▬▬▬ ▬▬▬▬ ▬▬ ▬▬▬ ▬ ▬▬▬▬ ▬▬ ▬▬▬ ▬▬ ▬ ▬▬▬▬ ▬▬▬ ▬ ▬▬▬ ▬▬ ▬▬▬▬ ▬ ▬▬ ▬▬▬ ▬▬▬▬ ▬▬ ▬▬▬ ▬ ▬▬▬▬ ▬▬ ▬▬▬ ▬▬ ▬ ▬▬▬▬ ▬▬▬ ▬ ▬▬▬ ▬▬ ▬▬▬▬ ▬ ▬▬ ▬▬▬ ▬▬▬▬ ▬▬ ▬▬▬ ▬ ▬▬▬▬ ▬▬ ▬▬▬ ▬▬ ▬ ▬▬▬▬ ▬▬▬ ▬ ▬▬▬ ▬▬ ▬▬▬▬ ▬ ▬▬ ▬▬▬ ▬▬▬▬ ▬▬ ▬▬▬ ▬ ▬▬▬▬ ▬▬ ▬▬▬ ▬▬ ▬ ▬▬▬▬ ▬▬▬ ▬ ▬▬▬ ▬▬ ▬▬▬▬ ▬ ▬▬ ▬▬▬ ▬▬▬▬ ▬▬ ▬▬▬ ▬ ▬▬▬▬ ▬▬ ▬▬▬ ▬▬ ▬ ▬▬▬▬ ▬▬▬ ▬ ▬▬▬ ▬▬ ▬▬▬▬ ▬ ▬▬ ▬▬▬ ▬▬▬▬ ▬▬ ▬▬▬ ▬ ▬▬▬▬ ▬▬ ▬▬▬ ▬▬ ▬ ▬▬▬▬ ▬▬▬ ▬ ▬▬▬ ▬▬ ▬▬▬▬ ▬ ▬▬ ▬▬▬ ▬▬▬▬ ▬▬ ▬▬▬ ▬ ▬▬▬▬ ▬▬ ▬▬▬ ▬▬ ▬ ▬▬▬▬ ▬▬▬ ▬ ▬▬▬ ▬▬ ▬▬▬▬ ▬ ▬▬ ▬▬▬ ▬▬▬▬ ▬▬ ▬▬▬ ▬ ▬▬▬▬ ▬▬ ▬▬▬ ▬▬ ▬ ▬▬▬▬ ▬▬▬ ▬ ▬▬▬ ▬▬ ▬▬▬▬ ▬ ▬▬ ▬▬▬ ▬▬▬▬ ▬▬ ▬▬▬ ▬ ▬▬▬▬ ▬▬ ▬▬▬ ▬▬ ▬ ▬▬▬▬ ▬▬▬ ▬ ▬▬▬ ▬▬ ▬▬▬▬ ▬ ▬▬ ▬▬▬ ▬▬▬▬ ▬▬ ▬▬▬ ▬ ▬▬▬▬ ▬▬ ▬▬▬ ▬▬ ▬ ▬▬▬▬ ▬▬▬ ▬ ▬▬▬ ▬▬ ▬▬▬▬ ▬ ▬▬ ▬▬▬ ▬▬▬▬ ▬▬ ▬▬▬ ▬ ▬▬▬▬ ▬▬ ▬▬▬ ▬▬ ▬ ▬▬▬▬ ▬▬▬ ▬ ▬▬▬ ▬▬ ▬▬▬▬ ▬ ▬▬ ▬▬▬ ▬▬▬▬ ▬▬ ▬▬▬ ▬ ▬▬▬▬ ▬▬ ▬▬▬ ▬▬ ▬ ▬▬▬▬ ▬▬▬ ▬ ▬▬▬ ▬▬ ▬▬▬▬ ▬ ▬▬ ▬▬▬ ▬▬▬▬ ▬▬ ▬▬▬ ▬ ▬▬▬▬ ▬▬ ▬▬▬ ▬▬ ▬ ▬▬▬▬ ▬▬▬ ▬ ▬▬▬ ▬▬ ▬▬▬▬ ▬ ▬▬ ▬▬▬ ▬▬▬▬ ▬▬ ▬▬▬ ▬ ▬▬▬▬ ▬▬ ▬▬▬ ▬▬ ▬ ▬▬▬▬ ▬▬▬ ▬ ▬▬▬ ▬▬ ▬▬▬▬ ▬ ▬▬ ▬▬▬ ▬▬▬▬ ▬▬ ▬▬▬ ▬ ▬▬▬▬ ▬▬ ▬▬▬ ▬▬ ▬ ▬▬▬▬ ▬▬▬ ▬ ▬▬▬ ▬▬ ▬▬▬▬ ▬ ▬▬ ▬▬▬ ▬▬▬▬ ▬▬ ▬▬▬ ▬ ▬▬▬▬ ▬▬ ▬▬▬ ▬▬ ▬ ▬▬▬▬ ▬▬▬ ▬ ▬▬▬ ▬▬ ▬▬▬▬ ▬ ▬▬ ▬▬▬ ▬▬▬▬ ▬▬ ▬▬▬ ▬ ▬▬▬▬ ▬▬ ▬▬▬ ▬▬ ▬ ▬▬▬▬ ▬▬▬ ▬ ▬▬▬ ▬▬ ▬▬▬▬ ▬ ▬▬ ▬▬▬ ▬▬▬▬ ▬▬ ▬▬▬ ▬ ▬▬▬▬ ▬▬ ▬▬▬ ▬▬ ▬ ▬▬▬▬ ▬▬▬ ▬ ▬▬▬ ▬▬ ▬▬▬▬ ▬ ▬▬ ▬▬▬ ▬▬▬▬ ▬▬ ▬▬▬ ▬ ▬▬▬▬ ▬▬ ▬▬▬ ▬▬ ▬ ▬▬▬▬ ▬▬▬ ▬ ▬▬▬ ▬▬ ▬▬▬▬ ▬ ▬▬ ▬▬▬ ▬▬▬▬ ▬▬ ▬▬▬ ▬
新华社北京3月17日电
中国人民银行将研究出台
金融支持扩大消费专门文件
新华社北京3月17日电
▬▬ ▬▬▬ ▬ ▬▬▬▬ ▬▬ ▬▬▬ ▬▬ ▬ ▬▬▬▬ ▬▬▬ ▬ ▬▬▬ ▬▬ ▬▬▬▬ ▬ ▬▬ ▬▬▬ ▬▬▬▬ ▬▬ ▬▬▬ ▬ ▬▬▬▬ ▬▬ ▬▬▬ ▬▬ ▬ ▬▬▬▬ ▬▬▬ ▬ ▬▬▬ ▬▬ ▬▬▬▬ ▬ ▬▬ ▬▬▬ ▬▬▬▬ ▬▬ ▬▬▬ ▬ ▬▬▬▬ ▬▬ ▬▬▬ ▬▬ ▬ ▬▬▬▬ ▬▬▬ ▬ ▬▬▬ ▬▬ ▬▬▬▬ ▬ ▬▬ ▬▬▬ ▬▬▬▬ ▬▬ ▬▬▬ ▬ ▬▬▬▬ ▬▬ ▬▬▬ ▬▬ ▬ ▬▬▬▬ ▬▬▬ ▬ ▬▬▬ ▬▬ ▬▬▬▬ ▬ ▬▬ ▬▬▬ ▬▬▬▬ ▬▬ ▬▬▬ ▬ ▬▬▬▬ ▬▬ ▬▬▬ ▬▬ ▬ ▬▬▬▬ ▬▬▬ ▬ ▬▬▬ ▬▬ ▬▬▬▬ ▬ ▬▬ ▬▬▬ ▬▬▬▬ ▬▬ ▬▬▬ ▬ ▬▬▬▬ ▬▬ ▬▬▬ ▬▬ ▬ ▬▬▬▬ ▬▬▬ ▬ ▬▬▬ ▬▬ ▬▬▬▬ ▬ ▬▬ ▬▬▬ ▬▬▬▬ ▬▬ ▬▬▬ ▬ ▬▬▬▬ ▬▬ ▬▬▬ ▬▬ ▬ ▬▬▬▬ ▬▬▬ ▬ ▬▬▬ ▬▬ ▬▬▬▬ ▬ ▬▬ ▬▬▬ ▬▬▬▬ ▬▬ ▬▬▬ ▬ ▬▬▬▬ ▬▬ ▬▬▬ ▬▬ ▬ ▬▬▬▬ ▬▬▬ ▬ ▬▬▬ ▬▬ ▬▬▬▬ ▬ ▬▬ ▬▬▬ ▬▬▬▬ ▬▬ ▬▬▬ ▬ ▬▬▬▬ ▬▬ ▬▬▬ ▬▬ ▬ ▬▬▬▬ ▬▬▬ ▬ ▬▬▬ ▬▬ ▬▬▬▬ ▬ ▬▬ ▬▬▬ ▬▬▬▬ ▬▬ ▬▬▬ ▬ ▬▬▬▬ ▬▬ ▬▬▬ ▬▬ ▬ ▬▬▬▬ ▬▬▬ ▬ ▬▬▬ ▬▬ ▬▬▬▬ ▬ ▬▬ ▬▬▬ ▬▬▬▬ ▬▬ ▬▬▬ ▬ ▬▬▬▬ ▬▬ ▬▬▬ ▬▬ ▬ ▬▬▬▬ ▬▬▬ ▬ ▬▬▬ ▬▬ ▬▬▬▬ ▬ ▬▬ ▬▬▬ ▬▬▬▬ ▬▬ ▬▬▬ ▬ ▬▬▬▬ ▬▬ ▬▬▬ ▬▬ ▬ ▬▬▬▬ ▬▬▬ ▬ ▬▬▬ ▬▬ ▬▬▬▬ ▬ ▬▬ ▬▬▬ ▬▬▬▬ ▬▬ ▬▬▬ ▬ ▬▬▬▬ ▬▬ ▬▬▬ ▬▬ ▬ ▬▬▬▬ ▬▬▬ ▬ ▬▬▬ ▬▬ ▬▬▬▬ ▬ ▬▬ ▬▬▬ ▬▬▬▬ ▬▬ ▬▬▬ ▬ ▬▬▬▬ ▬▬ ▬▬▬ ▬▬ ▬ ▬▬▬▬ ▬▬▬ ▬ ▬▬▬ ▬▬ ▬▬▬▬ ▬ ▬▬ ▬▬▬ ▬▬▬▬ ▬▬ ▬▬▬ ▬ ▬▬▬▬ ▬▬ ▬▬▬ ▬▬ ▬ ▬▬▬▬ ▬▬▬ ▬ ▬▬▬ ▬▬ ▬▬▬▬ ▬ ▬▬ ▬▬▬ ▬▬▬▬ ▬▬ ▬▬▬ ▬ ▬▬▬▬ ▬▬ ▬▬▬ ▬▬ ▬ ▬▬▬▬ ▬▬▬ ▬ ▬▬▬ ▬▬ ▬▬▬▬ ▬ ▬▬ ▬▬▬ ▬▬▬▬ ▬▬ ▬▬▬ ▬ ▬▬▬▬ ▬▬ ▬▬▬ ▬▬ ▬ ▬▬▬▬ ▬▬▬ ▬ ▬▬▬ ▬▬ ▬▬▬▬ ▬ ▬▬ ▬▬▬ ▬▬▬▬ ▬▬ ▬▬▬ ▬ ▬▬▬▬ ▬▬ ▬▬▬ ▬▬ ▬ ▬▬▬▬ ▬▬▬ ▬ ▬▬▬ ▬▬ ▬▬▬▬ ▬ ▬▬ ▬▬▬ ▬▬▬▬ ▬▬ ▬▬▬ ▬ ▬▬▬▬ ▬▬ ▬▬▬ ▬▬ ▬ ▬▬▬▬ ▬▬▬ ▬ ▬▬▬ ▬▬ ▬▬▬▬ ▬ ▬▬ ▬▬▬ ▬▬▬▬ ▬▬ ▬▬▬ ▬ ▬▬▬▬ ▬▬ ▬▬▬ ▬▬ ▬ ▬▬▬▬ ▬▬▬ ▬ ▬▬▬ ▬▬ ▬▬▬▬ ▬ ▬▬ ▬▬▬ ▬▬▬▬ ▬▬ ▬▬▬ ▬ ▬▬▬▬ ▬▬ ▬▬▬ ▬▬ ▬ ▬▬▬▬ ▬▬▬ ▬ ▬▬▬ ▬▬ ▬▬▬▬ ▬ ▬▬ ▬▬▬ ▬▬▬▬ ▬▬ ▬▬▬ ▬ ▬▬▬▬ ▬▬ ▬▬▬ ▬▬ ▬ ▬▬▬▬ ▬▬▬ ▬ ▬▬▬ ▬▬ ▬▬▬▬ ▬ ▬▬ ▬▬▬ ▬▬▬▬ ▬▬ ▬▬▬ ▬ ▬▬▬▬ ▬▬ ▬▬▬ ▬▬ ▬ ▬▬▬▬ ▬▬▬ ▬ ▬▬▬ ▬▬ ▬▬▬▬ ▬ ▬▬ ▬▬▬ ▬▬▬▬ ▬▬ ▬▬▬ ▬ ▬▬▬▬ ▬▬ ▬▬▬ ▬▬ ▬ ▬▬▬▬ ▬▬▬ ▬ ▬▬▬ ▬▬ ▬▬▬▬ ▬ ▬▬ ▬▬▬ ▬▬▬▬ ▬▬ ▬▬▬ ▬ ▬▬▬▬ ▬▬ ▬▬▬ ▬▬ ▬ ▬▬▬▬ ▬▬▬ ▬ ▬▬▬ ▬▬ ▬▬▬▬ ▬ ▬▬ ▬▬▬ ▬▬▬▬ ▬▬ ▬▬▬ ▬ ▬▬▬▬ ▬▬ ▬▬▬ ▬▬ ▬ ▬▬▬▬ ▬▬▬ ▬ ▬▬▬ ▬▬ ▬▬▬▬ ▬ ▬▬ ▬▬▬ ▬▬▬▬ ▬▬ ▬▬▬ ▬ ▬▬▬▬ ▬▬ ▬▬▬ ▬▬ ▬ ▬▬▬▬ ▬▬▬ ▬ ▬▬▬ ▬▬ ▬▬▬▬ ▬ ▬▬ ▬▬▬ ▬▬▬▬ ▬▬ ▬▬▬ ▬ ▬▬▬▬ ▬▬ ▬▬▬ ▬▬ ▬ ▬▬▬▬ ▬▬▬ ▬ ▬▬▬ ▬▬ ▬▬▬▬ ▬ ▬▬ ▬▬▬ ▬▬▬▬ ▬▬ ▬▬▬ ▬ ▬▬▬▬ ▬▬ ▬▬▬ ▬▬ ▬ ▬▬▬▬ ▬▬▬ ▬ ▬▬▬ ▬▬ ▬▬▬▬ ▬ ▬▬ ▬▬▬ ▬▬▬▬ ▬▬ ▬▬▬ ▬ ▬▬▬▬ ▬▬ ▬▬▬ ▬▬ ▬ ▬▬▬▬ ▬▬▬ ▬ ▬▬▬ ▬▬ ▬▬▬▬ ▬ ▬▬ ▬▬▬ ▬▬▬▬ ▬▬ ▬▬▬ ▬ ▬▬▬▬ ▬▬ ▬▬▬ ▬▬ ▬ ▬▬▬▬ ▬▬▬ ▬ ▬▬▬ ▬▬ ▬▬▬▬ ▬ ▬▬ ▬▬▬ ▬▬▬▬ ▬▬ ▬▬▬ ▬
我国已有2600余家三级
以上中医医院设有妇科
▬▬ ▬▬▬ ▬ ▬▬▬▬ ▬▬ ▬▬▬ ▬▬ ▬ ▬▬▬▬ ▬▬▬ ▬ ▬▬▬ ▬▬ ▬▬▬▬ ▬ ▬▬ ▬▬▬ ▬▬▬▬ ▬▬ ▬▬▬ ▬ ▬▬▬▬ ▬▬ ▬▬▬ ▬▬ ▬ ▬▬▬▬ ▬▬▬ ▬ ▬▬▬ ▬▬ ▬▬▬▬ ▬ ▬▬ ▬▬▬ ▬▬▬▬ ▬▬ ▬▬▬ ▬ ▬▬▬▬ ▬▬ ▬▬▬ ▬▬ ▬ ▬▬▬▬ ▬▬▬ ▬ ▬▬▬ ▬▬ ▬▬▬▬ ▬ ▬▬ ▬▬▬ ▬▬▬▬ ▬▬ ▬▬▬ ▬ ▬▬▬▬ ▬▬ ▬▬▬ ▬▬ ▬ ▬▬▬▬ ▬▬▬ ▬ ▬▬▬ ▬▬ ▬▬▬▬ ▬ ▬▬ ▬▬▬ ▬▬▬▬ ▬▬ ▬▬▬ ▬ ▬▬▬▬ ▬▬ ▬▬▬ ▬▬ ▬ ▬▬▬▬ ▬▬▬ ▬ ▬▬▬ ▬▬ ▬▬▬▬ ▬ ▬▬ ▬▬▬ ▬▬▬▬ ▬▬ ▬▬▬ ▬ ▬▬▬▬ ▬▬ ▬▬▬ ▬▬ ▬ ▬▬▬▬ ▬▬▬ ▬ ▬▬▬ ▬▬ ▬▬▬▬ ▬ ▬▬ ▬▬▬ ▬▬▬▬ ▬▬ ▬▬▬ ▬ ▬▬▬▬ ▬▬ ▬▬▬ ▬▬ ▬ ▬▬▬▬ ▬▬▬ ▬ ▬▬▬ ▬▬ ▬▬▬▬ ▬ ▬▬ ▬▬▬ ▬▬▬▬ ▬▬ ▬▬▬ ▬ ▬▬▬▬ ▬▬ ▬▬▬ ▬▬ ▬ ▬▬▬▬ ▬▬▬ ▬ ▬▬▬ ▬▬ ▬▬▬▬ ▬ ▬▬ ▬▬▬ ▬▬▬▬ ▬▬ ▬▬▬ ▬ ▬▬▬▬ ▬▬ ▬▬▬ ▬▬ ▬ ▬▬▬▬ ▬▬▬ ▬ ▬▬▬ ▬▬ ▬▬▬▬ ▬ ▬▬ ▬▬▬ ▬▬▬▬ ▬▬ ▬▬▬ ▬ ▬▬▬▬ ▬▬ ▬▬▬ ▬▬ ▬ ▬▬▬▬ ▬▬▬ ▬ ▬▬▬ ▬▬ ▬▬▬▬ ▬ ▬▬ ▬▬▬ ▬▬▬▬ ▬▬ ▬▬▬ ▬ ▬▬▬▬ ▬▬ ▬▬▬ ▬▬ ▬ ▬▬▬▬ ▬▬▬ ▬ ▬▬▬ ▬▬ ▬▬▬▬ ▬ ▬▬ ▬▬▬ ▬▬▬▬ ▬▬ ▬▬▬ ▬ ▬▬▬▬ ▬▬ ▬▬▬ ▬▬ ▬ ▬▬▬▬ ▬▬▬ ▬ ▬▬▬ ▬▬ ▬▬▬▬ ▬ ▬▬ ▬▬▬ ▬▬▬▬ ▬▬ ▬▬▬ ▬ ▬▬▬▬ ▬▬ ▬▬▬ ▬▬ ▬ ▬▬▬▬ ▬▬▬ ▬ ▬▬▬ ▬▬ ▬▬▬▬ ▬ ▬▬ ▬▬▬ ▬▬▬▬ ▬▬ ▬▬▬ ▬ ▬▬▬▬ ▬▬ ▬▬▬ ▬▬ ▬ ▬▬▬▬ ▬▬▬ ▬ ▬▬▬ ▬▬ ▬▬▬▬ ▬ ▬▬ ▬▬▬ ▬▬▬▬ ▬▬ ▬▬▬ ▬ ▬▬▬▬ ▬▬ ▬▬▬ ▬▬ ▬ ▬▬▬▬ ▬▬▬ ▬ ▬▬▬ ▬▬ ▬▬▬▬ ▬ ▬▬ ▬▬▬ ▬▬▬▬ ▬▬ ▬▬▬ ▬ ▬▬▬▬ ▬▬ ▬▬▬ ▬▬ ▬ ▬▬▬▬ ▬▬▬ ▬ ▬▬▬ ▬▬ ▬▬▬▬ ▬ ▬▬ ▬▬▬ ▬▬▬▬ ▬▬ ▬▬▬ ▬ ▬▬▬▬ ▬▬ ▬▬▬ ▬▬ ▬ ▬▬▬▬ ▬▬▬ ▬ ▬▬▬ ▬▬ ▬▬▬▬ ▬ ▬▬ ▬▬▬ ▬▬▬▬ ▬▬ ▬▬▬ ▬ ▬▬▬▬ ▬▬ ▬▬▬ ▬▬ ▬ ▬▬▬▬ ▬▬▬ ▬ ▬▬▬ ▬▬ ▬▬▬▬ ▬ ▬▬ ▬▬▬ ▬▬▬▬ ▬▬ ▬▬▬ ▬ ▬▬▬▬ ▬▬ ▬▬▬ ▬▬ ▬ ▬▬▬▬ ▬▬▬ ▬ ▬▬▬ ▬▬ ▬▬▬▬ ▬ ▬▬ ▬▬▬ ▬▬▬▬ ▬▬ ▬▬▬ ▬ ▬▬▬▬ ▬▬ ▬▬▬ ▬▬ ▬ ▬▬▬▬ ▬▬▬ ▬ ▬▬▬ ▬▬ ▬▬▬▬ ▬ ▬▬ ▬▬▬ ▬▬▬▬ ▬▬ ▬▬▬ ▬ ▬▬▬▬ ▬▬ ▬▬▬ ▬▬ ▬ ▬▬▬▬ ▬▬▬ ▬ ▬▬▬ ▬▬ ▬▬▬▬ ▬ ▬▬ ▬▬▬ ▬▬▬▬ ▬▬ ▬▬▬ ▬ ▬▬▬▬ ▬▬ ▬▬▬ ▬▬ ▬ ▬▬▬▬ ▬▬▬ ▬ ▬▬▬ ▬▬ ▬▬▬▬ ▬ ▬▬ ▬▬▬ ▬▬▬▬ ▬▬ ▬▬▬ ▬ ▬▬▬▬ ▬▬ ▬▬▬ ▬▬ ▬ ▬▬▬▬ ▬▬▬ ▬ ▬▬▬ ▬▬ ▬▬▬▬ ▬ ▬▬ ▬▬▬ ▬▬▬▬ ▬▬ ▬▬▬ ▬ ▬▬▬▬ ▬▬ ▬▬▬ ▬▬ ▬ ▬▬▬▬ ▬▬▬ ▬ ▬▬▬ ▬▬ ▬▬▬▬ ▬ ▬▬ ▬▬▬ ▬▬▬▬ ▬▬ ▬▬▬ ▬ ▬▬▬▬ ▬▬ ▬▬▬ ▬▬ ▬ ▬▬▬▬ ▬▬▬ ▬ ▬▬▬ ▬▬ ▬▬▬▬ ▬ ▬▬ ▬▬▬ ▬▬▬▬ ▬▬ ▬▬▬ ▬ ▬▬▬▬ ▬▬ ▬▬▬ ▬▬ ▬ ▬▬▬▬ ▬▬▬ ▬ ▬▬▬ ▬▬ ▬▬▬▬ ▬ ▬▬ ▬▬▬ ▬▬▬▬ ▬▬ ▬▬▬ ▬ ▬▬▬▬ ▬▬ ▬▬▬ ▬▬ ▬ ▬▬▬▬ ▬▬▬ ▬ ▬▬▬ ▬▬ ▬▬▬▬ ▬ ▬▬ ▬▬▬ ▬▬▬▬ ▬▬ ▬▬▬ ▬ ▬▬▬▬ ▬▬ ▬▬▬ ▬▬ ▬ ▬▬▬▬ ▬▬▬ ▬ ▬▬▬ ▬▬ ▬▬▬▬ ▬ ▬▬ ▬▬▬ ▬▬▬▬ ▬▬ ▬▬▬ ▬ ▬▬▬▬ ▬▬ ▬▬▬ ▬▬ ▬ ▬▬▬▬ ▬▬▬ ▬ ▬▬▬ ▬▬ ▬▬▬▬ ▬ ▬▬ ▬▬▬ ▬▬▬▬ ▬▬ ▬▬▬ ▬ ▬▬▬▬ ▬▬ ▬▬▬ ▬▬ ▬ ▬▬▬▬ ▬▬▬ ▬ ▬▬▬ ▬▬ ▬▬▬▬ ▬ ▬▬ ▬▬▬ ▬▬▬▬ ▬▬ ▬▬▬ ▬ ▬▬▬▬ ▬▬ ▬▬▬ ▬▬ ▬ ▬▬▬▬ ▬▬▬ ▬ ▬▬▬ ▬▬ ▬▬▬▬ ▬ ▬▬ ▬▬▬ ▬▬▬▬ ▬▬ ▬▬▬ ▬
全国爱肝日:
中西医优势互补
助力缓解肝硬化
▬▬ ▬▬▬ ▬ ▬▬▬▬ ▬▬ ▬▬▬ ▬▬ ▬ ▬▬▬▬ ▬▬▬ ▬ ▬▬▬ ▬▬ ▬▬▬▬ ▬ ▬▬ ▬▬▬ ▬▬▬▬ ▬▬ ▬▬▬ ▬ ▬▬▬▬ ▬▬ ▬▬▬ ▬▬ ▬ ▬▬▬▬ ▬▬▬ ▬ ▬▬▬ ▬▬ ▬▬▬▬ ▬ ▬▬ ▬▬▬ ▬▬▬▬ ▬▬ ▬▬▬ ▬ ▬▬▬▬ ▬▬ ▬▬▬ ▬▬ ▬ ▬▬▬▬ ▬▬▬ ▬ ▬▬▬ ▬▬ ▬▬▬▬ ▬ ▬▬ ▬▬▬ ▬▬▬▬ ▬▬ ▬▬▬ ▬ ▬▬▬▬ ▬▬ ▬▬▬ ▬▬ ▬ ▬▬▬▬ ▬▬▬ ▬ ▬▬▬ ▬▬ ▬▬▬▬ ▬ ▬▬ ▬▬▬ ▬▬▬▬ ▬▬ ▬▬▬ ▬ ▬▬▬▬ ▬▬ ▬▬▬ ▬▬ ▬ ▬▬▬▬ ▬▬▬ ▬ ▬▬▬ ▬▬ ▬▬▬▬ ▬ ▬▬ ▬▬▬ ▬▬▬▬ ▬▬ ▬▬▬ ▬ ▬▬▬▬ ▬▬ ▬▬▬ ▬▬ ▬ ▬▬▬▬ ▬▬▬ ▬ ▬▬▬ ▬▬ ▬▬▬▬ ▬ ▬▬ ▬▬▬ ▬▬▬▬ ▬▬ ▬▬▬ ▬ ▬▬▬▬ ▬▬ ▬▬▬ ▬▬ ▬ ▬▬▬▬ ▬▬▬ ▬ ▬▬▬ ▬▬ ▬▬▬▬ ▬ ▬▬ ▬▬▬ ▬▬▬▬ ▬▬ ▬▬▬ ▬ ▬▬▬▬ ▬▬ ▬▬▬ ▬▬ ▬ ▬▬▬▬ ▬▬▬ ▬ ▬▬▬ ▬▬ ▬▬▬▬ ▬ ▬▬ ▬▬▬ ▬▬▬▬ ▬▬ ▬▬▬ ▬ ▬▬▬▬ ▬▬ ▬▬▬ ▬▬ ▬ ▬▬▬▬ ▬▬▬ ▬ ▬▬▬ ▬▬ ▬▬▬▬ ▬ ▬▬ ▬▬▬ ▬▬▬▬ ▬▬ ▬▬▬ ▬ ▬▬▬▬ ▬▬ ▬▬▬ ▬▬ ▬ ▬▬▬▬ ▬▬▬ ▬ ▬▬▬ ▬▬ ▬▬▬▬ ▬ ▬▬ ▬▬▬ ▬▬▬▬ ▬▬ ▬▬▬ ▬ ▬▬▬▬ ▬▬ ▬▬▬ ▬▬ ▬ ▬▬▬▬ ▬▬▬ ▬ ▬▬▬ ▬▬ ▬▬▬▬ ▬ ▬▬ ▬▬▬ ▬▬▬▬ ▬▬ ▬▬▬ ▬ ▬▬▬▬ ▬▬ ▬▬▬ ▬▬ ▬ ▬▬▬▬ ▬▬▬ ▬ ▬▬▬ ▬▬ ▬▬▬▬ ▬ ▬▬ ▬▬▬ ▬▬▬▬ ▬▬ ▬▬▬ ▬ ▬▬▬▬ ▬▬ ▬▬▬ ▬▬ ▬ ▬▬▬▬ ▬▬▬ ▬ ▬▬▬ ▬▬ ▬▬▬▬ ▬ ▬▬ ▬▬▬ ▬▬▬▬ ▬▬ ▬▬▬ ▬ ▬▬▬▬ ▬▬ ▬▬▬ ▬▬ ▬ ▬▬▬▬ ▬▬▬ ▬ ▬▬▬ ▬▬ ▬▬▬▬ ▬ ▬▬ ▬▬▬ ▬▬▬▬ ▬▬ ▬▬▬ ▬ ▬▬▬▬ ▬▬ ▬▬▬ ▬▬ ▬ ▬▬▬▬ ▬▬▬ ▬ ▬▬▬ ▬▬ ▬▬▬▬ ▬ ▬▬ ▬▬▬ ▬▬▬▬ ▬▬ ▬▬▬ ▬ ▬▬▬▬ ▬▬ ▬▬▬ ▬▬ ▬ ▬▬▬▬ ▬▬▬ ▬ ▬▬▬ ▬▬ ▬▬▬▬ ▬ ▬▬ ▬▬▬ ▬▬▬▬ ▬▬ ▬▬▬ ▬ ▬▬▬▬ ▬▬ ▬▬▬ ▬▬ ▬ ▬▬▬▬ ▬▬▬ ▬ ▬▬▬ ▬▬ ▬▬▬▬ ▬ ▬▬ ▬▬▬ ▬▬▬▬ ▬▬ ▬▬▬ ▬ ▬▬▬▬ ▬▬ ▬▬▬ ▬▬ ▬ ▬▬▬▬ ▬▬▬ ▬ ▬▬▬ ▬▬ ▬▬▬▬ ▬ ▬▬ ▬▬▬ ▬▬▬▬ ▬▬ ▬▬▬ ▬ ▬▬▬▬ ▬▬ ▬▬▬ ▬▬ ▬ ▬▬▬▬ ▬▬▬ ▬ ▬▬▬ ▬▬ ▬▬▬▬ ▬ ▬▬ ▬▬▬ ▬▬▬▬ ▬▬ ▬▬▬ ▬ ▬▬▬▬ ▬▬ ▬▬▬ ▬▬ ▬ ▬▬▬▬ ▬▬▬ ▬ ▬▬▬ ▬▬ ▬▬▬▬ ▬ ▬▬ ▬▬▬ ▬▬▬▬ ▬▬ ▬▬▬ ▬ ▬▬▬▬ ▬▬ ▬▬▬ ▬▬ ▬ ▬▬▬▬ ▬▬▬ ▬ ▬▬▬ ▬▬ ▬▬▬▬ ▬ ▬▬ ▬▬▬ ▬▬▬▬ ▬▬ ▬▬▬ ▬ ▬▬▬▬ ▬▬ ▬▬▬ ▬▬ ▬ ▬▬▬▬ ▬▬▬ ▬ ▬▬▬ ▬▬ ▬▬▬▬ ▬ ▬▬ ▬▬▬ ▬▬▬▬ ▬▬ ▬▬▬ ▬ ▬▬▬▬ ▬▬ ▬▬▬ ▬▬ ▬ ▬▬▬▬ ▬▬▬ ▬ ▬▬▬ ▬▬ ▬▬▬▬ ▬ ▬▬ ▬▬▬ ▬▬▬▬ ▬▬ ▬▬▬ ▬ ▬▬▬▬ ▬▬ ▬▬▬ ▬▬ ▬ ▬▬▬▬ ▬▬▬ ▬ ▬▬▬ ▬▬ ▬▬▬▬ ▬ ▬▬ ▬▬▬ ▬▬▬▬ ▬▬ ▬▬▬ ▬ ▬▬▬▬ ▬▬ ▬▬▬ ▬▬ ▬ ▬▬▬▬ ▬▬▬ ▬ ▬▬▬ ▬▬ ▬▬▬▬ ▬ ▬▬ ▬▬▬ ▬▬▬▬ ▬▬ ▬▬▬ ▬ ▬▬▬▬ ▬▬ ▬▬▬ ▬▬ ▬ ▬▬▬▬ ▬▬▬ ▬ ▬▬▬ ▬▬ ▬▬▬▬ ▬ ▬▬ ▬▬▬ ▬▬▬▬ ▬▬ ▬▬▬ ▬ ▬▬▬▬ ▬▬ ▬▬▬ ▬▬ ▬ ▬▬▬▬ ▬▬▬ ▬ ▬▬▬ ▬▬ ▬▬▬▬ ▬ ▬▬ ▬▬▬ ▬▬▬▬ ▬▬ ▬▬▬ ▬ ▬▬▬▬ ▬▬ ▬▬▬ ▬▬ ▬ ▬▬▬▬ ▬▬▬ ▬ ▬▬▬ ▬▬ ▬▬▬▬ ▬ ▬▬ ▬▬▬ ▬▬▬▬ ▬▬ ▬▬▬ ▬ ▬▬▬▬ ▬▬ ▬▬▬ ▬▬ ▬ ▬▬▬▬ ▬▬▬ ▬ ▬▬▬ ▬▬ ▬▬▬▬ ▬ ▬▬ ▬▬▬ ▬▬▬▬ ▬▬ ▬▬▬ ▬ ▬▬▬▬ ▬▬ ▬▬▬ ▬▬ ▬ ▬▬▬▬ ▬▬▬ ▬ ▬▬▬ ▬▬ ▬▬▬▬ ▬ ▬▬ ▬▬▬ ▬▬▬▬ ▬▬ ▬▬▬ ▬ ▬▬▬▬ ▬▬ ▬▬▬ ▬▬ ▬ ▬▬▬▬ ▬▬▬ ▬ ▬▬▬ ▬▬ ▬▬▬▬ ▬ ▬▬ ▬▬▬ ▬▬▬▬ ▬▬ ▬▬▬ ▬
突破5000米
“领航号”盾构机
在长江江底掘进
这是沪渝蓉高铁崇太长江隧道成型隧道内景(3月16日摄)。
▬▬ ▬▬▬ ▬ ▬▬▬▬ ▬▬ ▬▬▬ ▬▬ ▬ ▬▬▬▬ ▬▬▬ ▬ ▬▬▬ ▬▬ ▬▬▬▬ ▬ ▬▬ ▬▬▬ ▬▬▬▬ ▬▬ ▬▬▬ ▬ ▬▬▬▬ ▬▬ ▬▬▬ ▬▬ ▬ ▬▬▬▬ ▬▬▬ ▬ ▬▬▬ ▬▬ ▬▬▬▬ ▬ ▬▬ ▬▬▬ ▬▬▬▬ ▬▬ ▬▬▬ ▬ ▬▬▬▬ ▬▬ ▬▬▬ ▬▬ ▬ ▬▬▬▬ ▬▬▬ ▬ ▬▬▬ ▬▬ ▬▬▬▬ ▬ ▬▬ ▬▬▬ ▬▬▬▬ ▬▬ ▬▬▬ ▬ ▬▬▬▬ ▬▬ ▬▬▬ ▬▬ ▬ ▬▬▬▬ ▬▬▬ ▬ ▬▬▬ ▬▬ ▬▬▬▬ ▬ ▬▬ ▬▬▬ ▬▬▬▬ ▬▬ ▬▬▬ ▬ ▬▬▬▬ ▬▬ ▬▬▬ ▬▬ ▬ ▬▬▬▬ ▬▬▬ ▬ ▬▬▬ ▬▬ ▬▬▬▬ ▬ ▬▬ ▬▬▬ ▬▬▬▬ ▬▬ ▬▬▬ ▬ ▬▬▬▬ ▬▬ ▬▬▬ ▬▬ ▬ ▬▬▬▬ ▬▬▬ ▬ ▬▬▬ ▬▬ ▬▬▬▬ ▬ ▬▬ ▬▬▬ ▬▬▬▬ ▬▬ ▬▬▬ ▬ ▬▬▬▬ ▬▬ ▬▬▬ ▬▬ ▬ ▬▬▬▬ ▬▬▬ ▬ ▬▬▬ ▬▬ ▬▬▬▬ ▬ ▬▬ ▬▬▬ ▬▬▬▬ ▬▬ ▬▬▬ ▬ ▬▬▬▬ ▬▬ ▬▬▬ ▬▬ ▬ ▬▬▬▬ ▬▬▬ ▬ ▬▬▬ ▬▬ ▬▬▬▬ ▬ ▬▬ ▬▬▬ ▬▬▬▬ ▬▬ ▬▬▬ ▬ ▬▬▬▬ ▬▬ ▬▬▬ ▬▬ ▬ ▬▬▬▬ ▬▬▬ ▬ ▬▬▬ ▬▬ ▬▬▬▬ ▬ ▬▬ ▬▬▬ ▬▬▬▬ ▬▬ ▬▬▬ ▬ ▬▬▬▬ ▬▬ ▬▬▬ ▬▬ ▬ ▬▬▬▬ ▬▬▬ ▬ ▬▬▬ ▬▬ ▬▬▬▬ ▬ ▬▬ ▬▬▬ ▬▬▬▬ ▬▬ ▬▬▬ ▬ ▬▬▬▬ ▬▬ ▬▬▬ ▬▬ ▬ ▬▬▬▬ ▬▬▬ ▬ ▬▬▬ ▬▬ ▬▬▬▬ ▬ ▬▬ ▬▬▬ ▬▬▬▬ ▬▬ ▬▬▬ ▬ ▬▬▬▬ ▬▬ ▬▬▬ ▬▬ ▬ ▬▬▬▬ ▬▬▬ ▬ ▬▬▬ ▬▬ ▬▬▬▬ ▬ ▬▬ ▬▬▬ ▬▬▬▬ ▬▬ ▬▬▬ ▬ ▬▬▬▬ ▬▬ ▬▬▬ ▬▬ ▬ ▬▬▬▬ ▬▬▬ ▬ ▬▬▬ ▬▬ ▬▬▬▬ ▬ ▬▬ ▬▬▬ ▬▬▬▬ ▬▬ ▬▬▬ ▬ ▬▬▬▬ ▬▬ ▬▬▬ ▬▬ ▬ ▬▬▬▬ ▬▬▬ ▬ ▬▬▬ ▬▬ ▬▬▬▬ ▬ ▬▬ ▬▬▬ ▬▬▬▬ ▬▬ ▬▬▬ ▬ ▬▬▬▬ ▬▬ ▬▬▬ ▬▬ ▬ ▬▬▬▬ ▬▬▬ ▬ ▬▬▬ ▬▬ ▬▬▬▬ ▬ ▬▬ ▬▬▬ ▬▬▬▬ ▬▬ ▬▬▬ ▬ ▬▬▬▬ ▬▬ ▬▬▬ ▬▬ ▬ ▬▬▬▬ ▬▬▬ ▬ ▬▬▬ ▬▬ ▬▬▬▬ ▬ ▬▬ ▬▬▬ ▬▬▬▬ ▬▬ ▬▬▬ ▬ ▬▬▬▬ ▬▬ ▬▬▬ ▬▬ ▬ ▬▬▬▬ ▬▬▬ ▬ ▬▬▬ ▬▬ ▬▬▬▬ ▬ ▬▬ ▬▬▬ ▬▬▬▬ ▬▬ ▬▬▬ ▬ ▬▬▬▬ ▬▬ ▬▬▬ ▬▬ ▬ ▬▬▬▬ ▬▬▬ ▬ ▬▬▬ ▬▬ ▬▬▬▬ ▬ ▬▬ ▬▬▬ ▬▬▬▬ ▬▬ ▬▬▬ ▬ ▬▬▬▬ ▬▬ ▬▬▬ ▬▬ ▬ ▬▬▬▬ ▬▬▬ ▬ ▬▬▬ ▬▬ ▬▬▬▬ ▬ ▬▬ ▬▬▬ ▬▬▬▬ ▬▬ ▬▬▬ ▬ ▬▬▬▬ ▬▬ ▬▬▬ ▬▬ ▬ ▬▬▬▬ ▬▬▬ ▬ ▬▬▬ ▬▬ ▬▬▬▬ ▬ ▬▬ ▬▬▬ ▬▬▬▬ ▬▬ ▬▬▬ ▬ ▬▬▬▬ ▬▬ ▬▬▬ ▬▬ ▬ ▬▬▬▬ ▬▬▬ ▬ ▬▬▬ ▬▬ ▬▬▬▬ ▬ ▬▬ ▬▬▬ ▬▬▬▬ ▬▬ ▬▬▬ ▬ ▬▬▬▬ ▬▬ ▬▬▬ ▬▬ ▬ ▬▬▬▬ ▬▬▬ ▬ ▬▬▬ ▬▬ ▬▬▬▬ ▬ ▬▬ ▬▬▬ ▬▬▬▬ ▬▬ ▬▬▬ ▬ ▬▬▬▬ ▬▬ ▬▬▬ ▬▬ ▬ ▬▬▬▬ ▬▬▬ ▬ ▬▬▬ ▬▬ ▬▬▬▬ ▬ ▬▬ ▬▬▬ ▬▬▬▬ ▬▬ ▬▬▬ ▬ ▬▬▬▬ ▬▬ ▬▬▬ ▬▬ ▬ ▬▬▬▬ ▬▬▬ ▬ ▬▬▬ ▬▬ ▬▬▬▬ ▬ ▬▬ ▬▬▬ ▬▬▬▬ ▬▬ ▬▬▬ ▬ ▬▬▬▬ ▬▬ ▬▬▬ ▬▬ ▬ ▬▬▬▬ ▬▬▬ ▬ ▬▬▬ ▬▬ ▬▬▬▬ ▬ ▬▬ ▬▬▬ ▬▬▬▬ ▬▬ ▬▬▬ ▬ ▬▬▬▬ ▬▬ ▬▬▬ ▬▬ ▬ ▬▬▬▬ ▬▬▬ ▬ ▬▬▬ ▬▬ ▬▬▬▬ ▬ ▬▬ ▬▬▬ ▬▬▬▬ ▬▬ ▬▬▬ ▬ ▬▬▬▬ ▬▬ ▬▬▬ ▬▬ ▬ ▬▬▬▬ ▬▬▬ ▬ ▬▬▬ ▬▬ ▬▬▬▬ ▬ ▬▬ ▬▬▬ ▬▬▬▬ ▬▬ ▬▬▬ ▬ ▬▬▬▬ ▬▬ ▬▬▬ ▬▬ ▬ ▬▬▬▬ ▬▬▬ ▬ ▬▬▬ ▬▬ ▬▬▬▬ ▬ ▬▬ ▬▬▬ ▬▬▬▬ ▬▬ ▬▬▬ ▬ ▬▬▬▬ ▬▬ ▬▬▬ ▬▬ ▬ ▬▬▬▬ ▬▬▬ ▬ ▬▬▬ ▬▬ ▬▬▬▬ ▬ ▬▬ ▬▬▬ ▬▬▬▬ ▬▬ ▬▬▬ ▬ ▬▬▬▬ ▬▬ ▬▬▬ ▬▬ ▬ ▬▬▬▬ ▬▬▬ ▬ ▬▬▬ ▬▬ ▬▬▬▬ ▬ ▬▬ ▬▬▬ ▬▬▬▬ ▬▬ ▬▬▬ ▬ ▬▬▬▬ ▬▬ ▬▬▬ ▬▬ ▬ ▬▬▬▬ ▬▬▬ ▬ ▬▬▬ ▬▬ ▬▬▬▬ ▬ ▬▬ ▬▬▬ ▬▬▬▬ ▬▬ ▬▬▬ ▬
新华社发(中铁隧道局 供图)
一箭八星!
我国成功发射云遥一号55—60星等8颗卫星
3月17日16时07分,我国在酒泉卫星发射中心使用谷神星一号运载火箭,成功将云遥一号55—60星发射升空,卫星顺利进入预定轨道,发射任务获得圆满成功。 新华社发(汪江波 摄)
国台办:
台湾资通电军“倚网谋独”必遭严惩
▬▬ ▬▬▬ ▬ ▬▬▬▬ ▬▬ ▬▬▬ ▬▬ ▬ ▬▬▬▬ ▬▬▬ ▬ ▬▬▬ ▬▬ ▬▬▬▬ ▬ ▬▬ ▬▬▬ ▬▬▬▬ ▬▬ ▬▬▬ ▬ ▬▬▬▬ ▬▬ ▬▬▬ ▬▬ ▬ ▬▬▬▬ ▬▬▬ ▬ ▬▬▬ ▬▬ ▬▬▬▬ ▬ ▬▬ ▬▬▬ ▬▬▬▬ ▬▬ ▬▬▬ ▬ ▬▬▬▬ ▬▬ ▬▬▬ ▬▬ ▬ ▬▬▬▬ ▬▬▬ ▬ ▬▬▬ ▬▬ ▬▬▬▬ ▬ ▬▬ ▬▬▬ ▬▬▬▬ ▬▬ ▬▬▬ ▬ ▬▬▬▬ ▬▬ ▬▬▬ ▬▬ ▬ ▬▬▬▬ ▬▬▬ ▬ ▬▬▬ ▬▬ ▬▬▬▬ ▬ ▬▬ ▬▬▬ ▬▬▬▬ ▬▬ ▬▬▬ ▬ ▬▬▬▬ ▬▬ ▬▬▬ ▬▬ ▬ ▬▬▬▬ ▬▬▬ ▬ ▬▬▬ ▬▬ ▬▬▬▬ ▬ ▬▬ ▬▬▬ ▬▬▬▬ ▬▬ ▬▬▬ ▬ ▬▬▬▬ ▬▬ ▬▬▬ ▬▬ ▬ ▬▬▬▬ ▬▬▬ ▬ ▬▬▬ ▬▬ ▬▬▬▬ ▬ ▬▬ ▬▬▬ ▬▬▬▬ ▬▬ ▬▬▬ ▬ ▬▬▬▬ ▬▬ ▬▬▬ ▬▬ ▬ ▬▬▬▬ ▬▬▬ ▬ ▬▬▬ ▬▬ ▬▬▬▬ ▬ ▬▬ ▬▬▬ ▬▬▬▬ ▬▬ ▬▬▬ ▬ ▬▬▬▬ ▬▬ ▬▬▬ ▬▬ ▬ ▬▬▬▬ ▬▬▬ ▬ ▬▬▬ ▬▬ ▬▬▬▬ ▬ ▬▬ ▬▬▬ ▬▬▬▬ ▬▬ ▬▬▬ ▬ ▬▬▬▬ ▬▬ ▬▬▬ ▬▬ ▬ ▬▬▬▬ ▬▬▬ ▬ ▬▬▬ ▬▬ ▬▬▬▬ ▬ ▬▬ ▬▬▬ ▬▬▬▬ ▬▬ ▬▬▬ ▬ ▬▬▬▬ ▬▬ ▬▬▬ ▬▬ ▬ ▬▬▬▬ ▬▬▬ ▬ ▬▬▬ ▬▬ ▬▬▬▬ ▬ ▬▬ ▬▬▬ ▬▬▬▬ ▬▬ ▬▬▬ ▬ ▬▬▬▬ ▬▬ ▬▬▬ ▬▬ ▬ ▬▬▬▬ ▬▬▬ ▬ ▬▬▬ ▬▬ ▬▬▬▬ ▬ ▬▬ ▬▬▬ ▬▬▬▬ ▬▬ ▬▬▬ ▬ ▬▬▬▬ ▬▬ ▬▬▬ ▬▬ ▬ ▬▬▬▬ ▬▬▬ ▬ ▬▬▬ ▬▬ ▬▬▬▬ ▬ ▬▬ ▬▬▬ ▬▬▬▬ ▬▬ ▬▬▬ ▬ ▬▬▬▬ ▬▬ ▬▬▬ ▬▬ ▬ ▬▬▬▬ ▬▬▬ ▬ ▬▬▬ ▬▬ ▬▬▬▬ ▬ ▬▬ ▬▬▬ ▬▬▬▬ ▬▬ ▬▬▬ ▬ ▬▬▬▬ ▬▬ ▬▬▬ ▬▬ ▬ ▬▬▬▬ ▬▬▬ ▬ ▬▬▬ ▬▬ ▬▬▬▬ ▬ ▬▬ ▬▬▬ ▬▬▬▬ ▬▬ ▬▬▬ ▬ ▬▬▬▬ ▬▬ ▬▬▬ ▬▬ ▬ ▬▬▬▬ ▬▬▬ ▬ ▬▬▬ ▬▬ ▬▬▬▬ ▬ ▬▬ ▬▬▬ ▬▬▬▬ ▬▬ ▬▬▬ ▬ ▬▬▬▬ ▬▬ ▬▬▬ ▬▬ ▬ ▬▬▬▬ ▬▬▬ ▬ ▬▬▬ ▬▬ ▬▬▬▬ ▬ ▬▬ ▬▬▬ ▬▬▬▬ ▬▬ ▬▬▬ ▬ ▬▬▬▬ ▬▬ ▬▬▬ ▬▬ ▬ ▬▬▬▬ ▬▬▬ ▬ ▬▬▬ ▬▬ ▬▬▬▬ ▬ ▬▬ ▬▬▬ ▬▬▬▬ ▬▬ ▬▬▬ ▬ ▬▬▬▬ ▬▬ ▬▬▬ ▬▬ ▬ ▬▬▬▬ ▬▬▬ ▬ ▬▬▬ ▬▬ ▬▬▬▬ ▬ ▬▬ ▬▬▬ ▬▬▬▬ ▬▬ ▬▬▬ ▬ ▬▬▬▬ ▬▬ ▬▬▬ ▬▬ ▬ ▬▬▬▬ ▬▬▬ ▬ ▬▬▬ ▬▬ ▬▬▬▬ ▬ ▬▬ ▬▬▬ ▬▬▬▬ ▬▬ ▬▬▬ ▬ ▬▬▬▬ ▬▬ ▬▬▬ ▬▬ ▬ ▬▬▬▬ ▬▬▬ ▬ ▬▬▬ ▬▬ ▬▬▬▬ ▬ ▬▬ ▬▬▬ ▬▬▬▬ ▬▬ ▬▬▬ ▬ ▬▬▬▬ ▬▬ ▬▬▬ ▬▬ ▬ ▬▬▬▬ ▬▬▬ ▬ ▬▬▬ ▬▬ ▬▬▬▬ ▬ ▬▬ ▬▬▬ ▬▬▬▬ ▬▬ ▬▬▬ ▬ ▬▬▬▬ ▬▬ ▬▬▬ ▬▬ ▬ ▬▬▬▬ ▬▬▬ ▬ ▬▬▬ ▬▬ ▬▬▬▬ ▬ ▬▬ ▬▬▬ ▬▬▬▬ ▬▬ ▬▬▬ ▬ ▬▬▬▬ ▬▬ ▬▬▬ ▬▬ ▬ ▬▬▬▬ ▬▬▬ ▬ ▬▬▬ ▬▬ ▬▬▬▬ ▬ ▬▬ ▬▬▬ ▬▬▬▬ ▬▬ ▬▬▬ ▬ ▬▬▬▬ ▬▬ ▬▬▬ ▬▬ ▬ ▬▬▬▬ ▬▬▬ ▬ ▬▬▬ ▬▬ ▬▬▬▬ ▬ ▬▬ ▬▬▬ ▬▬▬▬ ▬▬ ▬▬▬ ▬ ▬▬▬▬ ▬▬ ▬▬▬ ▬▬ ▬ ▬▬▬▬ ▬▬▬ ▬ ▬▬▬ ▬▬ ▬▬▬▬ ▬ ▬▬ ▬▬▬ ▬▬▬▬ ▬▬ ▬▬▬ ▬ ▬▬▬▬ ▬▬ ▬▬▬ ▬▬ ▬ ▬▬▬▬ ▬▬▬ ▬ ▬▬▬ ▬▬ ▬▬▬▬ ▬ ▬▬ ▬▬▬ ▬▬▬▬ ▬▬ ▬▬▬ ▬ ▬▬▬▬ ▬▬ ▬▬▬ ▬▬ ▬ ▬▬▬▬ ▬▬▬ ▬ ▬▬▬ ▬▬ ▬▬▬▬ ▬ ▬▬ ▬▬▬ ▬▬▬▬ ▬▬ ▬▬▬ ▬ ▬▬▬▬ ▬▬ ▬▬▬ ▬▬ ▬ ▬▬▬▬ ▬▬▬ ▬ ▬▬▬ ▬▬ ▬▬▬▬ ▬ ▬▬ ▬▬▬ ▬▬▬▬ ▬▬ ▬▬▬ ▬ ▬▬▬▬ ▬▬ ▬▬▬ ▬▬ ▬ ▬▬▬▬ ▬▬▬ ▬ ▬▬▬ ▬▬ ▬▬▬▬ ▬ ▬▬ ▬▬▬ ▬▬▬▬ ▬▬ ▬▬▬ ▬ ▬▬▬▬ ▬▬ ▬▬▬ ▬▬ ▬ ▬▬▬▬ ▬▬▬ ▬ ▬▬▬ ▬▬ ▬▬▬▬ ▬ ▬▬ ▬▬▬ ▬▬▬▬ ▬▬ ▬▬▬ ▬ ▬▬▬▬ ▬▬ ▬▬▬ ▬▬ ▬ ▬▬▬▬ ▬▬▬ ▬ ▬▬▬ ▬▬ ▬▬▬▬ ▬ ▬▬ ▬▬▬ ▬▬▬▬ ▬▬ ▬▬▬ ▬
▬▬ ▬▬▬ ▬ ▬▬▬▬ ▬▬ ▬▬▬ ▬▬ ▬ ▬▬▬▬ ▬▬▬ ▬ ▬▬▬ ▬▬ ▬▬▬▬ ▬ ▬▬ ▬▬▬ ▬▬▬▬ ▬▬ ▬▬▬ ▬ ▬▬▬▬ ▬▬ ▬▬▬ ▬▬ ▬ ▬▬▬▬ ▬▬▬ ▬ ▬▬▬ ▬▬ ▬▬▬▬ ▬ ▬▬ ▬▬▬ ▬▬▬▬ ▬▬ ▬▬▬ ▬ ▬▬▬▬ ▬▬ ▬▬▬ ▬▬ ▬ ▬▬▬▬ ▬▬▬ ▬ ▬▬▬ ▬▬ ▬▬▬▬ ▬ ▬▬ ▬▬▬ ▬▬▬▬ ▬▬ ▬▬▬ ▬ ▬▬▬▬ ▬▬ ▬▬▬ ▬▬ ▬ ▬▬▬▬ ▬▬▬ ▬ ▬▬▬ ▬▬ ▬▬▬▬ ▬ ▬▬ ▬▬▬ ▬▬▬▬ ▬▬ ▬▬▬ ▬ ▬▬▬▬ ▬▬ ▬▬▬ ▬▬ ▬ ▬▬▬▬ ▬▬▬ ▬ ▬▬▬ ▬▬ ▬▬▬▬ ▬ ▬▬ ▬▬▬ ▬▬▬▬ ▬▬ ▬▬▬ ▬ ▬▬▬▬ ▬▬ ▬▬▬ ▬▬ ▬ ▬▬▬▬ ▬▬▬ ▬ ▬▬▬ ▬▬ ▬▬▬▬ ▬ ▬▬ ▬▬▬ ▬▬▬▬ ▬▬ ▬▬▬ ▬ ▬▬▬▬ ▬▬ ▬▬▬ ▬▬ ▬ ▬▬▬▬ ▬▬▬ ▬ ▬▬▬ ▬▬ ▬▬▬▬ ▬ ▬▬ ▬▬▬ ▬▬▬▬ ▬▬ ▬▬▬ ▬ ▬▬▬▬ ▬▬ ▬▬▬ ▬▬ ▬ ▬▬▬▬ ▬▬▬ ▬ ▬▬▬ ▬▬ ▬▬▬▬ ▬ ▬▬ ▬▬▬ ▬▬▬▬ ▬▬ ▬▬▬ ▬ ▬▬▬▬ ▬▬ ▬▬▬ ▬▬ ▬ ▬▬▬▬ ▬▬▬ ▬ ▬▬▬ ▬▬ ▬▬▬▬ ▬ ▬▬ ▬▬▬ ▬▬▬▬ ▬▬ ▬▬▬ ▬ ▬▬▬▬ ▬▬ ▬▬▬ ▬▬ ▬ ▬▬▬▬ ▬▬▬ ▬ ▬▬▬ ▬▬ ▬▬▬▬ ▬ ▬▬ ▬▬▬ ▬▬▬▬ ▬▬ ▬▬▬ ▬ ▬▬▬▬ ▬▬ ▬▬▬ ▬▬ ▬ ▬▬▬▬ ▬▬▬ ▬ ▬▬▬ ▬▬ ▬▬▬▬ ▬ ▬▬ ▬▬▬ ▬▬▬▬ ▬▬ ▬▬▬ ▬ ▬▬▬▬ ▬▬ ▬▬▬ ▬▬ ▬ ▬▬▬▬ ▬▬▬ ▬ ▬▬▬ ▬▬ ▬▬▬▬ ▬ ▬▬ ▬▬▬ ▬▬▬▬ ▬▬ ▬▬▬ ▬ ▬▬▬▬ ▬▬ ▬▬▬ ▬▬ ▬ ▬▬▬▬ ▬▬▬ ▬ ▬▬▬ ▬▬ ▬▬▬▬ ▬ ▬▬ ▬▬▬ ▬▬▬▬ ▬▬ ▬▬▬ ▬ ▬▬▬▬ ▬▬ ▬▬▬ ▬▬ ▬ ▬▬▬▬ ▬▬▬ ▬ ▬▬▬ ▬▬ ▬▬▬▬ ▬ ▬▬ ▬▬▬ ▬▬▬▬ ▬▬ ▬▬▬ ▬ ▬▬▬▬ ▬▬ ▬▬▬ ▬▬ ▬ ▬▬▬▬ ▬▬▬ ▬ ▬▬▬ ▬▬ ▬▬▬▬ ▬ ▬▬ ▬▬▬ ▬▬▬▬ ▬▬ ▬▬▬ ▬ ▬▬▬▬ ▬▬ ▬▬▬ ▬▬ ▬ ▬▬▬▬ ▬▬▬ ▬ ▬▬▬ ▬▬ ▬▬▬▬ ▬ ▬▬ ▬▬▬ ▬▬▬▬ ▬▬ ▬▬▬ ▬ ▬▬▬▬ ▬▬ ▬▬▬ ▬▬ ▬ ▬▬▬▬ ▬▬▬ ▬ ▬▬▬ ▬▬ ▬▬▬▬ ▬ ▬▬ ▬▬▬ ▬▬▬▬ ▬▬ ▬▬▬ ▬ ▬▬▬▬ ▬▬ ▬▬▬ ▬▬ ▬ ▬▬▬▬ ▬▬▬ ▬ ▬▬▬ ▬▬ ▬▬▬▬ ▬ ▬▬ ▬▬▬ ▬▬▬▬ ▬▬ ▬▬▬ ▬ ▬▬▬▬ ▬▬ ▬▬▬ ▬▬ ▬ ▬▬▬▬ ▬▬▬ ▬ ▬▬▬ ▬▬ ▬▬▬▬ ▬ ▬▬ ▬▬▬ ▬▬▬▬ ▬▬ ▬▬▬ ▬ ▬▬▬▬ ▬▬ ▬▬▬ ▬▬ ▬ ▬▬▬▬ ▬▬▬ ▬ ▬▬▬ ▬▬ ▬▬▬▬ ▬ ▬▬ ▬▬▬ ▬▬▬▬ ▬▬ ▬▬▬ ▬ ▬▬▬▬ ▬▬ ▬▬▬ ▬▬ ▬ ▬▬▬▬ ▬▬▬ ▬ ▬▬▬ ▬▬ ▬▬▬▬ ▬ ▬▬ ▬▬▬ ▬▬▬▬ ▬▬ ▬▬▬ ▬ ▬▬▬▬ ▬▬ ▬▬▬ ▬▬ ▬ ▬▬▬▬ ▬▬▬ ▬ ▬▬▬ ▬▬ ▬▬▬▬ ▬ ▬▬ ▬▬▬ ▬▬▬▬ ▬▬ ▬▬▬ ▬ ▬▬▬▬ ▬▬ ▬▬▬ ▬▬ ▬ ▬▬▬▬ ▬▬▬ ▬ ▬▬▬ ▬▬ ▬▬▬▬ ▬ ▬▬ ▬▬▬ ▬▬▬▬ ▬▬ ▬▬▬ ▬ ▬▬▬▬ ▬▬ ▬▬▬ ▬▬ ▬ ▬▬▬▬ ▬▬▬ ▬ ▬▬▬ ▬▬ ▬▬▬▬ ▬ ▬▬ ▬▬▬ ▬▬▬▬ ▬▬ ▬▬▬ ▬ ▬▬▬▬ ▬▬ ▬▬▬ ▬▬ ▬ ▬▬▬▬ ▬▬▬ ▬ ▬▬▬ ▬▬ ▬▬▬▬ ▬ ▬▬ ▬▬▬ ▬▬▬▬ ▬▬ ▬▬▬ ▬ ▬▬▬▬ ▬▬ ▬▬▬ ▬▬ ▬ ▬▬▬▬ ▬▬▬ ▬ ▬▬▬ ▬▬ ▬▬▬▬ ▬ ▬▬ ▬▬▬ ▬▬▬▬ ▬▬ ▬▬▬ ▬ ▬▬▬▬ ▬▬ ▬▬▬ ▬▬ ▬ ▬▬▬▬ ▬▬▬ ▬ ▬▬▬ ▬▬ ▬▬▬▬ ▬ ▬▬ ▬▬▬ ▬▬▬▬ ▬▬ ▬▬▬ ▬ ▬▬▬▬ ▬▬ ▬▬▬ ▬▬ ▬ ▬▬▬▬ ▬▬▬ ▬ ▬▬▬ ▬▬ ▬▬▬▬ ▬ ▬▬ ▬▬▬ ▬▬▬▬ ▬▬ ▬▬▬ ▬ ▬▬▬▬ ▬▬ ▬▬▬ ▬▬ ▬ ▬▬▬▬ ▬▬▬ ▬ ▬▬▬ ▬▬ ▬▬▬▬ ▬ ▬▬ ▬▬▬ ▬▬▬▬ ▬▬ ▬▬▬ ▬ ▬▬▬▬ ▬▬ ▬▬▬ ▬▬ ▬ ▬▬▬▬ ▬▬▬ ▬ ▬▬▬ ▬▬ ▬▬▬▬ ▬ ▬▬ ▬▬▬ ▬▬▬▬ ▬▬ ▬▬▬ ▬ ▬▬▬▬ ▬▬ ▬▬▬ ▬▬ ▬ ▬▬▬▬ ▬▬▬ ▬ ▬▬▬ ▬▬ ▬▬▬▬ ▬ ▬▬ ▬▬▬ ▬▬▬▬ ▬▬ ▬▬▬ ▬
▬▬ ▬▬▬ ▬ ▬▬▬▬ ▬▬ ▬▬▬ ▬▬ ▬ ▬▬▬▬ ▬▬▬ ▬ ▬▬▬ ▬▬ ▬▬▬▬ ▬ ▬▬ ▬▬▬ ▬▬▬▬ ▬▬ ▬▬▬ ▬ ▬▬▬▬ ▬▬ ▬▬▬ ▬▬ ▬ ▬▬▬▬ ▬▬▬ ▬ ▬▬▬ ▬▬ ▬▬▬▬ ▬ ▬▬ ▬▬▬ ▬▬▬▬ ▬▬ ▬▬▬ ▬ ▬▬▬▬ ▬▬ ▬▬▬ ▬▬ ▬ ▬▬▬▬ ▬▬▬ ▬ ▬▬▬ ▬▬ ▬▬▬▬ ▬ ▬▬ ▬▬▬ ▬▬▬▬ ▬▬ ▬▬▬ ▬ ▬▬▬▬ ▬▬ ▬▬▬ ▬▬ ▬ ▬▬▬▬ ▬▬▬ ▬ ▬▬▬ ▬▬ ▬▬▬▬ ▬ ▬▬ ▬▬▬ ▬▬▬▬ ▬▬ ▬▬▬ ▬ ▬▬▬▬ ▬▬ ▬▬▬ ▬▬ ▬ ▬▬▬▬ ▬▬▬ ▬ ▬▬▬ ▬▬ ▬▬▬▬ ▬ ▬▬ ▬▬▬ ▬▬▬▬ ▬▬ ▬▬▬ ▬ ▬▬▬▬ ▬▬ ▬▬▬ ▬▬ ▬ ▬▬▬▬ ▬▬▬ ▬ ▬▬▬ ▬▬ ▬▬▬▬ ▬ ▬▬ ▬▬▬ ▬▬▬▬ ▬▬ ▬▬▬ ▬ ▬▬▬▬ ▬▬ ▬▬▬ ▬▬ ▬ ▬▬▬▬ ▬▬▬ ▬ ▬▬▬ ▬▬ ▬▬▬▬ ▬ ▬▬ ▬▬▬ ▬▬▬▬ ▬▬ ▬▬▬ ▬ ▬▬▬▬ ▬▬ ▬▬▬ ▬▬ ▬ ▬▬▬▬ ▬▬▬ ▬ ▬▬▬ ▬▬ ▬▬▬▬ ▬ ▬▬ ▬▬▬ ▬▬▬▬ ▬▬ ▬▬▬ ▬ ▬▬▬▬ ▬▬ ▬▬▬ ▬▬ ▬ ▬▬▬▬ ▬▬▬ ▬ ▬▬▬ ▬▬ ▬▬▬▬ ▬ ▬▬ ▬▬▬ ▬▬▬▬ ▬▬ ▬▬▬ ▬ ▬▬▬▬ ▬▬ ▬▬▬ ▬▬ ▬ ▬▬▬▬ ▬▬▬ ▬ ▬▬▬ ▬▬ ▬▬▬▬ ▬ ▬▬ ▬▬▬ ▬▬▬▬ ▬▬ ▬▬▬ ▬ ▬▬▬▬ ▬▬ ▬▬▬ ▬▬ ▬ ▬▬▬▬ ▬▬▬ ▬ ▬▬▬ ▬▬ ▬▬▬▬ ▬ ▬▬ ▬▬▬ ▬▬▬▬ ▬▬ ▬▬▬ ▬ ▬▬▬▬ ▬▬ ▬▬▬ ▬▬ ▬ ▬▬▬▬ ▬▬▬ ▬ ▬▬▬ ▬▬ ▬▬▬▬ ▬ ▬▬ ▬▬▬ ▬▬▬▬ ▬▬ ▬▬▬ ▬ ▬▬▬▬ ▬▬ ▬▬▬ ▬▬ ▬ ▬▬▬▬ ▬▬▬ ▬ ▬▬▬ ▬▬ ▬▬▬▬ ▬ ▬▬ ▬▬▬ ▬▬▬▬ ▬▬ ▬▬▬ ▬ ▬▬▬▬ ▬▬ ▬▬▬ ▬▬ ▬ ▬▬▬▬ ▬▬▬ ▬ ▬▬▬ ▬▬ ▬▬▬▬ ▬ ▬▬ ▬▬▬ ▬▬▬▬ ▬▬ ▬▬▬ ▬ ▬▬▬▬ ▬▬ ▬▬▬ ▬▬ ▬ ▬▬▬▬ ▬▬▬ ▬ ▬▬▬ ▬▬ ▬▬▬▬ ▬ ▬▬ ▬▬▬ ▬▬▬▬ ▬▬ ▬▬▬ ▬ ▬▬▬▬ ▬▬ ▬▬▬ ▬▬ ▬ ▬▬▬▬ ▬▬▬ ▬ ▬▬▬ ▬▬ ▬▬▬▬ ▬ ▬▬ ▬▬▬ ▬▬▬▬ ▬▬ ▬▬▬ ▬ ▬▬▬▬ ▬▬ ▬▬▬ ▬▬ ▬ ▬▬▬▬ ▬▬▬ ▬ ▬▬▬ ▬▬ ▬▬▬▬ ▬ ▬▬ ▬▬▬ ▬▬▬▬ ▬▬ ▬▬▬ ▬ ▬▬▬▬ ▬▬ ▬▬▬ ▬▬ ▬ ▬▬▬▬ ▬▬▬ ▬ ▬▬▬ ▬▬ ▬▬▬▬ ▬ ▬▬ ▬▬▬ ▬▬▬▬ ▬▬ ▬▬▬ ▬ ▬▬▬▬ ▬▬ ▬▬▬ ▬▬ ▬ ▬▬▬▬ ▬▬▬ ▬ ▬▬▬ ▬▬ ▬▬▬▬ ▬ ▬▬ ▬▬▬ ▬▬▬▬ ▬▬ ▬▬▬ ▬ ▬▬▬▬ ▬▬ ▬▬▬ ▬▬ ▬ ▬▬▬▬ ▬▬▬ ▬ ▬▬▬ ▬▬ ▬▬▬▬ ▬ ▬▬ ▬▬▬ ▬▬▬▬ ▬▬ ▬▬▬ ▬ ▬▬▬▬ ▬▬ ▬▬▬ ▬▬ ▬ ▬▬▬▬ ▬▬▬ ▬ ▬▬▬ ▬▬ ▬▬▬▬ ▬ ▬▬ ▬▬▬ ▬▬▬▬ ▬▬ ▬▬▬ ▬ ▬▬▬▬ ▬▬ ▬▬▬ ▬▬ ▬ ▬▬▬▬ ▬▬▬ ▬ ▬▬▬ ▬▬ ▬▬▬▬ ▬ ▬▬ ▬▬▬ ▬▬▬▬ ▬▬ ▬▬▬ ▬ ▬▬▬▬ ▬▬ ▬▬▬ ▬▬ ▬ ▬▬▬▬ ▬▬▬ ▬ ▬▬▬ ▬▬ ▬▬▬▬ ▬ ▬▬ ▬▬▬ ▬▬▬▬ ▬▬ ▬▬▬ ▬ ▬▬▬▬ ▬▬ ▬▬▬ ▬▬ ▬ ▬▬▬▬ ▬▬▬ ▬ ▬▬▬ ▬▬ ▬▬▬▬ ▬ ▬▬ ▬▬▬ ▬▬▬▬ ▬▬ ▬▬▬ ▬ ▬▬▬▬ ▬▬ ▬▬▬ ▬▬ ▬ ▬▬▬▬ ▬▬▬ ▬ ▬▬▬ ▬▬ ▬▬▬▬ ▬ ▬▬ ▬▬▬ ▬▬▬▬ ▬▬ ▬▬▬ ▬ ▬▬▬▬ ▬▬ ▬▬▬ ▬▬ ▬ ▬▬▬▬ ▬▬▬ ▬ ▬▬▬ ▬▬ ▬▬▬▬ ▬ ▬▬ ▬▬▬ ▬▬▬▬ ▬▬ ▬▬▬ ▬ ▬▬▬▬ ▬▬ ▬▬▬ ▬▬ ▬ ▬▬▬▬ ▬▬▬ ▬ ▬▬▬ ▬▬ ▬▬▬▬ ▬ ▬▬ ▬▬▬ ▬▬▬▬ ▬▬ ▬▬▬ ▬ ▬▬▬▬ ▬▬ ▬▬▬ ▬▬ ▬ ▬▬▬▬ ▬▬▬ ▬ ▬▬▬ ▬▬ ▬▬▬▬ ▬ ▬▬ ▬▬▬ ▬▬▬▬ ▬▬ ▬▬▬ ▬ ▬▬▬▬ ▬▬ ▬▬▬ ▬▬ ▬ ▬▬▬▬ ▬▬▬ ▬ ▬▬▬ ▬▬ ▬▬▬▬ ▬ ▬▬ ▬▬▬ ▬▬▬▬ ▬▬ ▬▬▬ ▬ ▬▬▬▬ ▬▬ ▬▬▬ ▬▬ ▬ ▬▬▬▬ ▬▬▬ ▬ ▬▬▬ ▬▬ ▬▬▬▬ ▬ ▬▬ ▬▬▬ ▬▬▬▬ ▬▬ ▬▬▬ ▬ ▬▬▬▬ ▬▬ ▬▬▬ ▬▬ ▬ ▬▬▬▬ ▬▬▬ ▬ ▬▬▬ ▬▬ ▬▬▬▬ ▬ ▬▬ ▬▬▬ ▬▬▬▬ ▬▬ ▬▬▬ ▬
15倍积分
老年旅客将享更多优惠兑换火车票
新华社发 曹一 作
▬▬ ▬▬▬ ▬ ▬▬▬▬ ▬▬ ▬▬▬ ▬▬ ▬ ▬▬▬▬ ▬▬▬ ▬ ▬▬▬ ▬▬ ▬▬▬▬ ▬ ▬▬ ▬▬▬ ▬▬▬▬ ▬▬ ▬▬▬ ▬ ▬▬▬▬ ▬▬ ▬▬▬ ▬▬ ▬ ▬▬▬▬ ▬▬▬ ▬ ▬▬▬ ▬▬ ▬▬▬▬ ▬ ▬▬ ▬▬▬ ▬▬▬▬ ▬▬ ▬▬▬ ▬ ▬▬▬▬ ▬▬ ▬▬▬ ▬▬ ▬ ▬▬▬▬ ▬▬▬ ▬ ▬▬▬ ▬▬ ▬▬▬▬ ▬ ▬▬ ▬▬▬ ▬▬▬▬ ▬▬ ▬▬▬ ▬ ▬▬▬▬ ▬▬ ▬▬▬ ▬▬ ▬ ▬▬▬▬ ▬▬▬ ▬ ▬▬▬ ▬▬ ▬▬▬▬ ▬ ▬▬ ▬▬▬ ▬▬▬▬ ▬▬ ▬▬▬ ▬ ▬▬▬▬ ▬▬ ▬▬▬ ▬▬ ▬ ▬▬▬▬ ▬▬▬ ▬ ▬▬▬ ▬▬ ▬▬▬▬ ▬ ▬▬ ▬▬▬ ▬▬▬▬ ▬▬ ▬▬▬ ▬ ▬▬▬▬ ▬▬ ▬▬▬ ▬▬ ▬ ▬▬▬▬ ▬▬▬ ▬ ▬▬▬ ▬▬ ▬▬▬▬ ▬ ▬▬ ▬▬▬ ▬▬▬▬ ▬▬ ▬▬▬ ▬ ▬▬▬▬ ▬▬ ▬▬▬ ▬▬ ▬ ▬▬▬▬ ▬▬▬ ▬ ▬▬▬ ▬▬ ▬▬▬▬ ▬ ▬▬ ▬▬▬ ▬▬▬▬ ▬▬ ▬▬▬ ▬ ▬▬▬▬ ▬▬ ▬▬▬ ▬▬ ▬ ▬▬▬▬ ▬▬▬ ▬ ▬▬▬ ▬▬ ▬▬▬▬ ▬ ▬▬ ▬▬▬ ▬▬▬▬ ▬▬ ▬▬▬ ▬ ▬▬▬▬ ▬▬ ▬▬▬ ▬▬ ▬ ▬▬▬▬ ▬▬▬ ▬ ▬▬▬ ▬▬ ▬▬▬▬ ▬ ▬▬ ▬▬▬ ▬▬▬▬ ▬▬ ▬▬▬ ▬ ▬▬▬▬ ▬▬ ▬▬▬ ▬▬ ▬ ▬▬▬▬ ▬▬▬ ▬ ▬▬▬ ▬▬ ▬▬▬▬ ▬ ▬▬ ▬▬▬ ▬▬▬▬ ▬▬ ▬▬▬ ▬ ▬▬▬▬ ▬▬ ▬▬▬ ▬▬ ▬ ▬▬▬▬ ▬▬▬ ▬ ▬▬▬ ▬▬ ▬▬▬▬ ▬ ▬▬ ▬▬▬ ▬▬▬▬ ▬▬ ▬▬▬ ▬ ▬▬▬▬ ▬▬ ▬▬▬ ▬▬ ▬ ▬▬▬▬ ▬▬▬ ▬ ▬▬▬ ▬▬ ▬▬▬▬ ▬ ▬▬ ▬▬▬ ▬▬▬▬ ▬▬ ▬▬▬ ▬ ▬▬▬▬ ▬▬ ▬▬▬ ▬▬ ▬ ▬▬▬▬ ▬▬▬ ▬ ▬▬▬ ▬▬ ▬▬▬▬ ▬ ▬▬ ▬▬▬ ▬▬▬▬ ▬▬ ▬▬▬ ▬ ▬▬▬▬ ▬▬ ▬▬▬ ▬▬ ▬ ▬▬▬▬ ▬▬▬ ▬ ▬▬▬ ▬▬ ▬▬▬▬ ▬ ▬▬ ▬▬▬ ▬▬▬▬ ▬▬ ▬▬▬ ▬ ▬▬▬▬ ▬▬ ▬▬▬ ▬▬ ▬ ▬▬▬▬ ▬▬▬ ▬ ▬▬▬ ▬▬ ▬▬▬▬ ▬ ▬▬ ▬▬▬ ▬▬▬▬ ▬▬ ▬▬▬ ▬ ▬▬▬▬ ▬▬ ▬▬▬ ▬▬ ▬ ▬▬▬▬ ▬▬▬ ▬ ▬▬▬ ▬▬ ▬▬▬▬ ▬ ▬▬ ▬▬▬ ▬▬▬▬ ▬▬ ▬▬▬ ▬ ▬▬▬▬ ▬▬ ▬▬▬ ▬▬ ▬ ▬▬▬▬ ▬▬▬ ▬ ▬▬▬ ▬▬ ▬▬▬▬ ▬ ▬▬ ▬▬▬ ▬▬▬▬ ▬▬ ▬▬▬ ▬ ▬▬▬▬ ▬▬ ▬▬▬ ▬▬ ▬ ▬▬▬▬ ▬▬▬ ▬ ▬▬▬ ▬▬ ▬▬▬▬ ▬ ▬▬ ▬▬▬ ▬▬▬▬ ▬▬ ▬▬▬ ▬ ▬▬▬▬ ▬▬ ▬▬▬ ▬▬ ▬ ▬▬▬▬ ▬▬▬ ▬ ▬▬▬ ▬▬ ▬▬▬▬ ▬ ▬▬ ▬▬▬ ▬▬▬▬ ▬▬ ▬▬▬ ▬ ▬▬▬▬ ▬▬ ▬▬▬ ▬▬ ▬ ▬▬▬▬ ▬▬▬ ▬ ▬▬▬ ▬▬ ▬▬▬▬ ▬ ▬▬ ▬▬▬ ▬▬▬▬ ▬▬ ▬▬▬ ▬ ▬▬▬▬ ▬▬ ▬▬▬ ▬▬ ▬ ▬▬▬▬ ▬▬▬ ▬ ▬▬▬ ▬▬ ▬▬▬▬ ▬ ▬▬ ▬▬▬ ▬▬▬▬ ▬▬ ▬▬▬ ▬ ▬▬▬▬ ▬▬ ▬▬▬ ▬▬ ▬ ▬▬▬▬ ▬▬▬ ▬ ▬▬▬ ▬▬ ▬▬▬▬ ▬ ▬▬ ▬▬▬ ▬▬▬▬ ▬▬ ▬▬▬ ▬ ▬▬▬▬ ▬▬ ▬▬▬ ▬▬ ▬ ▬▬▬▬ ▬▬▬ ▬ ▬▬▬ ▬▬ ▬▬▬▬ ▬ ▬▬ ▬▬▬ ▬▬▬▬ ▬▬ ▬▬▬ ▬ ▬▬▬▬ ▬▬ ▬▬▬ ▬▬ ▬ ▬▬▬▬ ▬▬▬ ▬ ▬▬▬ ▬▬ ▬▬▬▬ ▬ ▬▬ ▬▬▬ ▬▬▬▬ ▬▬ ▬▬▬ ▬ ▬▬▬▬ ▬▬ ▬▬▬ ▬▬ ▬ ▬▬▬▬ ▬▬▬ ▬ ▬▬▬ ▬▬ ▬▬▬▬ ▬ ▬▬ ▬▬▬ ▬▬▬▬ ▬▬ ▬▬▬ ▬ ▬▬▬▬ ▬▬ ▬▬▬ ▬▬ ▬ ▬▬▬▬ ▬▬▬ ▬ ▬▬▬ ▬▬ ▬▬▬▬ ▬ ▬▬ ▬▬▬ ▬▬▬▬ ▬▬ ▬▬▬ ▬ ▬▬▬▬ ▬▬ ▬▬▬ ▬▬ ▬ ▬▬▬▬ ▬▬▬ ▬ ▬▬▬ ▬▬ ▬▬▬▬ ▬ ▬▬ ▬▬▬ ▬▬▬▬ ▬▬ ▬▬▬ ▬ ▬▬▬▬ ▬▬ ▬▬▬ ▬▬ ▬ ▬▬▬▬ ▬▬▬ ▬ ▬▬▬ ▬▬ ▬▬▬▬ ▬ ▬▬ ▬▬▬ ▬▬▬▬ ▬▬ ▬▬▬ ▬ ▬▬▬▬ ▬▬ ▬▬▬ ▬▬ ▬ ▬▬▬▬ ▬▬▬ ▬ ▬▬▬ ▬▬ ▬▬▬▬ ▬ ▬▬ ▬▬▬ ▬▬▬▬ ▬▬ ▬▬▬ ▬ ▬▬▬▬ ▬▬ ▬▬▬ ▬▬ ▬ ▬▬▬▬ ▬▬▬ ▬ ▬▬▬ ▬▬ ▬▬▬▬ ▬ ▬▬ ▬▬▬ ▬▬▬▬ ▬▬ ▬▬▬ ▬ ▬▬▬▬ ▬▬ ▬▬▬ ▬▬ ▬ ▬▬▬▬ ▬▬▬ ▬ ▬▬▬ ▬▬ ▬▬▬▬ ▬ ▬▬ ▬▬▬ ▬▬▬▬ ▬▬ ▬▬▬ ▬
▬▬ ▬▬▬ ▬ ▬▬▬▬ ▬▬ ▬▬▬ ▬▬ ▬ ▬▬▬▬ ▬▬▬ ▬ ▬▬▬ ▬▬ ▬▬▬▬ ▬ ▬▬ ▬▬▬ ▬▬▬▬ ▬▬ ▬▬▬ ▬ ▬▬▬▬ ▬▬ ▬▬▬ ▬▬ ▬ ▬▬▬▬ ▬▬▬ ▬ ▬▬▬ ▬▬ ▬▬▬▬ ▬ ▬▬ ▬▬▬ ▬▬▬▬ ▬▬ ▬▬▬ ▬ ▬▬▬▬ ▬▬ ▬▬▬ ▬▬ ▬ ▬▬▬▬ ▬▬▬ ▬ ▬▬▬ ▬▬ ▬▬▬▬ ▬ ▬▬ ▬▬▬ ▬▬▬▬ ▬▬ ▬▬▬ ▬ ▬▬▬▬ ▬▬ ▬▬▬ ▬▬ ▬ ▬▬▬▬ ▬▬▬ ▬ ▬▬▬ ▬▬ ▬▬▬▬ ▬ ▬▬ ▬▬▬ ▬▬▬▬ ▬▬ ▬▬▬ ▬ ▬▬▬▬ ▬▬ ▬▬▬ ▬▬ ▬ ▬▬▬▬ ▬▬▬ ▬ ▬▬▬ ▬▬ ▬▬▬▬ ▬ ▬▬ ▬▬▬ ▬▬▬▬ ▬▬ ▬▬▬ ▬ ▬▬▬▬ ▬▬ ▬▬▬ ▬▬ ▬ ▬▬▬▬ ▬▬▬ ▬ ▬▬▬ ▬▬ ▬▬▬▬ ▬ ▬▬ ▬▬▬ ▬▬▬▬ ▬▬ ▬▬▬ ▬ ▬▬▬▬ ▬▬ ▬▬▬ ▬▬ ▬ ▬▬▬▬ ▬▬▬ ▬ ▬▬▬ ▬▬ ▬▬▬▬ ▬ ▬▬ ▬▬▬ ▬▬▬▬ ▬▬ ▬▬▬ ▬ ▬▬▬▬ ▬▬ ▬▬▬ ▬▬ ▬ ▬▬▬▬ ▬▬▬ ▬ ▬▬▬ ▬▬ ▬▬▬▬ ▬ ▬▬ ▬▬▬ ▬▬▬▬ ▬▬ ▬▬▬ ▬ ▬▬▬▬ ▬▬ ▬▬▬ ▬▬ ▬ ▬▬▬▬ ▬▬▬ ▬ ▬▬▬ ▬▬ ▬▬▬▬ ▬ ▬▬ ▬▬▬ ▬▬▬▬ ▬▬ ▬▬▬ ▬ ▬▬▬▬ ▬▬ ▬▬▬ ▬▬ ▬ ▬▬▬▬ ▬▬▬ ▬ ▬▬▬ ▬▬ ▬▬▬▬ ▬ ▬▬ ▬▬▬ ▬▬▬▬ ▬▬ ▬▬▬ ▬ ▬▬▬▬ ▬▬ ▬▬▬ ▬▬ ▬ ▬▬▬▬ ▬▬▬ ▬ ▬▬▬ ▬▬ ▬▬▬▬ ▬ ▬▬ ▬▬▬ ▬▬▬▬ ▬▬ ▬▬▬ ▬ ▬▬▬▬ ▬▬ ▬▬▬ ▬▬ ▬ ▬▬▬▬ ▬▬▬ ▬ ▬▬▬ ▬▬ ▬▬▬▬ ▬ ▬▬ ▬▬▬ ▬▬▬▬ ▬▬ ▬▬▬ ▬ ▬▬▬▬ ▬▬ ▬▬▬ ▬▬ ▬ ▬▬▬▬ ▬▬▬ ▬ ▬▬▬ ▬▬ ▬▬▬▬ ▬ ▬▬ ▬▬▬ ▬▬▬▬ ▬▬ ▬▬▬ ▬ ▬▬▬▬ ▬▬ ▬▬▬ ▬▬ ▬ ▬▬▬▬ ▬▬▬ ▬ ▬▬▬ ▬▬ ▬▬▬▬ ▬ ▬▬ ▬▬▬ ▬▬▬▬ ▬▬ ▬▬▬ ▬ ▬▬▬▬ ▬▬ ▬▬▬ ▬▬ ▬ ▬▬▬▬ ▬▬▬ ▬ ▬▬▬ ▬▬ ▬▬▬▬ ▬ ▬▬ ▬▬▬ ▬▬▬▬ ▬▬ ▬▬▬ ▬ ▬▬▬▬ ▬▬ ▬▬▬ ▬▬ ▬ ▬▬▬▬ ▬▬▬ ▬ ▬▬▬ ▬▬ ▬▬▬▬ ▬ ▬▬ ▬▬▬ ▬▬▬▬ ▬▬ ▬▬▬ ▬ ▬▬▬▬ ▬▬ ▬▬▬ ▬▬ ▬ ▬▬▬▬ ▬▬▬ ▬ ▬▬▬ ▬▬ ▬▬▬▬ ▬ ▬▬ ▬▬▬ ▬▬▬▬ ▬▬ ▬▬▬ ▬ ▬▬▬▬ ▬▬ ▬▬▬ ▬▬ ▬ ▬▬▬▬ ▬▬▬ ▬ ▬▬▬ ▬▬ ▬▬▬▬ ▬ ▬▬ ▬▬▬ ▬▬▬▬ ▬▬ ▬▬▬ ▬ ▬▬▬▬ ▬▬ ▬▬▬ ▬▬ ▬ ▬▬▬▬ ▬▬▬ ▬ ▬▬▬ ▬▬ ▬▬▬▬ ▬ ▬▬ ▬▬▬ ▬▬▬▬ ▬▬ ▬▬▬ ▬ ▬▬▬▬ ▬▬ ▬▬▬ ▬▬ ▬ ▬▬▬▬ ▬▬▬ ▬ ▬▬▬ ▬▬ ▬▬▬▬ ▬ ▬▬ ▬▬▬ ▬▬▬▬ ▬▬ ▬▬▬ ▬ ▬▬▬▬ ▬▬ ▬▬▬ ▬▬ ▬ ▬▬▬▬ ▬▬▬ ▬ ▬▬▬ ▬▬ ▬▬▬▬ ▬ ▬▬ ▬▬▬ ▬▬▬▬ ▬▬ ▬▬▬ ▬ ▬▬▬▬ ▬▬ ▬▬▬ ▬▬ ▬ ▬▬▬▬ ▬▬▬ ▬ ▬▬▬ ▬▬ ▬▬▬▬ ▬ ▬▬ ▬▬▬ ▬▬▬▬ ▬▬ ▬▬▬ ▬ ▬▬▬▬ ▬▬ ▬▬▬ ▬▬ ▬ ▬▬▬▬ ▬▬▬ ▬ ▬▬▬ ▬▬ ▬▬▬▬ ▬ ▬▬ ▬▬▬ ▬▬▬▬ ▬▬ ▬▬▬ ▬ ▬▬▬▬ ▬▬ ▬▬▬ ▬▬ ▬ ▬▬▬▬ ▬▬▬ ▬ ▬▬▬ ▬▬ ▬▬▬▬ ▬ ▬▬ ▬▬▬ ▬▬▬▬ ▬▬ ▬▬▬ ▬ ▬▬▬▬ ▬▬ ▬▬▬ ▬▬ ▬ ▬▬▬▬ ▬▬▬ ▬ ▬▬▬ ▬▬ ▬▬▬▬ ▬ ▬▬ ▬▬▬ ▬▬▬▬ ▬▬ ▬▬▬ ▬ ▬▬▬▬ ▬▬ ▬▬▬ ▬▬ ▬ ▬▬▬▬ ▬▬▬ ▬ ▬▬▬ ▬▬ ▬▬▬▬ ▬ ▬▬ ▬▬▬ ▬▬▬▬ ▬▬ ▬▬▬ ▬ ▬▬▬▬ ▬▬ ▬▬▬ ▬▬ ▬ ▬▬▬▬ ▬▬▬ ▬ ▬▬▬ ▬▬ ▬▬▬▬ ▬ ▬▬ ▬▬▬ ▬▬▬▬ ▬▬ ▬▬▬ ▬ ▬▬▬▬ ▬▬ ▬▬▬ ▬▬ ▬ ▬▬▬▬ ▬▬▬ ▬ ▬▬▬ ▬▬ ▬▬▬▬ ▬ ▬▬ ▬▬▬ ▬▬▬▬ ▬▬ ▬▬▬ ▬ ▬▬▬▬ ▬▬ ▬▬▬ ▬▬ ▬ ▬▬▬▬ ▬▬▬ ▬ ▬▬▬ ▬▬ ▬▬▬▬ ▬ ▬▬ ▬▬▬ ▬▬▬▬ ▬▬ ▬▬▬ ▬ ▬▬▬▬ ▬▬ ▬▬▬ ▬▬ ▬ ▬▬▬▬ ▬▬▬ ▬ ▬▬▬ ▬▬ ▬▬▬▬ ▬ ▬▬ ▬▬▬ ▬▬▬▬ ▬▬ ▬▬▬ ▬ ▬▬▬▬ ▬▬ ▬▬▬ ▬▬ ▬ ▬▬▬▬ ▬▬▬ ▬ ▬▬▬ ▬▬ ▬▬▬▬ ▬ ▬▬ ▬▬▬ ▬▬▬▬ ▬▬ ▬▬▬ ▬
▬▬ ▬▬▬ ▬ ▬▬▬▬ ▬▬ ▬▬▬ ▬▬ ▬ ▬▬▬▬ ▬▬▬ ▬ ▬▬▬ ▬▬ ▬▬▬▬ ▬ ▬▬ ▬▬▬ ▬▬▬▬ ▬▬ ▬▬▬ ▬ ▬▬▬▬ ▬▬ ▬▬▬ ▬▬ ▬ ▬▬▬▬ ▬▬▬ ▬ ▬▬▬ ▬▬ ▬▬▬▬ ▬ ▬▬ ▬▬▬ ▬▬▬▬ ▬▬ ▬▬▬ ▬ ▬▬▬▬ ▬▬ ▬▬▬ ▬▬ ▬ ▬▬▬▬ ▬▬▬ ▬ ▬▬▬ ▬▬ ▬▬▬▬ ▬ ▬▬ ▬▬▬ ▬▬▬▬ ▬▬ ▬▬▬ ▬ ▬▬▬▬ ▬▬ ▬▬▬ ▬▬ ▬ ▬▬▬▬ ▬▬▬ ▬ ▬▬▬ ▬▬ ▬▬▬▬ ▬ ▬▬ ▬▬▬ ▬▬▬▬ ▬▬ ▬▬▬ ▬ ▬▬▬▬ ▬▬ ▬▬▬ ▬▬ ▬ ▬▬▬▬ ▬▬▬ ▬ ▬▬▬ ▬▬ ▬▬▬▬ ▬ ▬▬ ▬▬▬ ▬▬▬▬ ▬▬ ▬▬▬ ▬ ▬▬▬▬ ▬▬ ▬▬▬ ▬▬ ▬ ▬▬▬▬ ▬▬▬ ▬ ▬▬▬ ▬▬ ▬▬▬▬ ▬ ▬▬ ▬▬▬ ▬▬▬▬ ▬▬ ▬▬▬ ▬ ▬▬▬▬ ▬▬ ▬▬▬ ▬▬ ▬ ▬▬▬▬ ▬▬▬ ▬ ▬▬▬ ▬▬ ▬▬▬▬ ▬ ▬▬ ▬▬▬ ▬▬▬▬ ▬▬ ▬▬▬ ▬ ▬▬▬▬ ▬▬ ▬▬▬ ▬▬ ▬ ▬▬▬▬ ▬▬▬ ▬ ▬▬▬ ▬▬ ▬▬▬▬ ▬ ▬▬ ▬▬▬ ▬▬▬▬ ▬▬ ▬▬▬ ▬ ▬▬▬▬ ▬▬ ▬▬▬ ▬▬ ▬ ▬▬▬▬ ▬▬▬ ▬ ▬▬▬ ▬▬ ▬▬▬▬ ▬ ▬▬ ▬▬▬ ▬▬▬▬ ▬▬ ▬▬▬ ▬ ▬▬▬▬ ▬▬ ▬▬▬ ▬▬ ▬ ▬▬▬▬ ▬▬▬ ▬ ▬▬▬ ▬▬ ▬▬▬▬ ▬ ▬▬ ▬▬▬ ▬▬▬▬ ▬▬ ▬▬▬ ▬ ▬▬▬▬ ▬▬ ▬▬▬ ▬▬ ▬ ▬▬▬▬ ▬▬▬ ▬ ▬▬▬ ▬▬ ▬▬▬▬ ▬ ▬▬ ▬▬▬ ▬▬▬▬ ▬▬ ▬▬▬ ▬ ▬▬▬▬ ▬▬ ▬▬▬ ▬▬ ▬ ▬▬▬▬ ▬▬▬ ▬ ▬▬▬ ▬▬ ▬▬▬▬ ▬ ▬▬ ▬▬▬ ▬▬▬▬ ▬▬ ▬▬▬ ▬ ▬▬▬▬ ▬▬ ▬▬▬ ▬▬ ▬ ▬▬▬▬ ▬▬▬ ▬ ▬▬▬ ▬▬ ▬▬▬▬ ▬ ▬▬ ▬▬▬ ▬▬▬▬ ▬▬ ▬▬▬ ▬ ▬▬▬▬ ▬▬ ▬▬▬ ▬▬ ▬ ▬▬▬▬ ▬▬▬ ▬ ▬▬▬ ▬▬ ▬▬▬▬ ▬ ▬▬ ▬▬▬ ▬▬▬▬ ▬▬ ▬▬▬ ▬ ▬▬▬▬ ▬▬ ▬▬▬ ▬▬ ▬ ▬▬▬▬ ▬▬▬ ▬ ▬▬▬ ▬▬ ▬▬▬▬ ▬ ▬▬ ▬▬▬ ▬▬▬▬ ▬▬ ▬▬▬ ▬ ▬▬▬▬ ▬▬ ▬▬▬ ▬▬ ▬ ▬▬▬▬ ▬▬▬ ▬ ▬▬▬ ▬▬ ▬▬▬▬ ▬ ▬▬ ▬▬▬ ▬▬▬▬ ▬▬ ▬▬▬ ▬ ▬▬▬▬ ▬▬ ▬▬▬ ▬▬ ▬ ▬▬▬▬ ▬▬▬ ▬ ▬▬▬ ▬▬ ▬▬▬▬ ▬ ▬▬ ▬▬▬ ▬▬▬▬ ▬▬ ▬▬▬ ▬ ▬▬▬▬ ▬▬ ▬▬▬ ▬▬ ▬ ▬▬▬▬ ▬▬▬ ▬ ▬▬▬ ▬▬ ▬▬▬▬ ▬ ▬▬ ▬▬▬ ▬▬▬▬ ▬▬ ▬▬▬ ▬ ▬▬▬▬ ▬▬ ▬▬▬ ▬▬ ▬ ▬▬▬▬ ▬▬▬ ▬ ▬▬▬ ▬▬ ▬▬▬▬ ▬ ▬▬ ▬▬▬ ▬▬▬▬ ▬▬ ▬▬▬ ▬ ▬▬▬▬ ▬▬ ▬▬▬ ▬▬ ▬ ▬▬▬▬ ▬▬▬ ▬ ▬▬▬ ▬▬ ▬▬▬▬ ▬ ▬▬ ▬▬▬ ▬▬▬▬ ▬▬ ▬▬▬ ▬ ▬▬▬▬ ▬▬ ▬▬▬ ▬▬ ▬ ▬▬▬▬ ▬▬▬ ▬ ▬▬▬ ▬▬ ▬▬▬▬ ▬ ▬▬ ▬▬▬ ▬▬▬▬ ▬▬ ▬▬▬ ▬ ▬▬▬▬ ▬▬ ▬▬▬ ▬▬ ▬ ▬▬▬▬ ▬▬▬ ▬ ▬▬▬ ▬▬ ▬▬▬▬ ▬ ▬▬ ▬▬▬ ▬▬▬▬ ▬▬ ▬▬▬ ▬ ▬▬▬▬ ▬▬ ▬▬▬ ▬▬ ▬ ▬▬▬▬ ▬▬▬ ▬ ▬▬▬ ▬▬ ▬▬▬▬ ▬ ▬▬ ▬▬▬ ▬▬▬▬ ▬▬ ▬▬▬ ▬ ▬▬▬▬ ▬▬ ▬▬▬ ▬▬ ▬ ▬▬▬▬ ▬▬▬ ▬ ▬▬▬ ▬▬ ▬▬▬▬ ▬ ▬▬ ▬▬▬ ▬▬▬▬ ▬▬ ▬▬▬ ▬ ▬▬▬▬ ▬▬ ▬▬▬ ▬▬ ▬ ▬▬▬▬ ▬▬▬ ▬ ▬▬▬ ▬▬ ▬▬▬▬ ▬ ▬▬ ▬▬▬ ▬▬▬▬ ▬▬ ▬▬▬ ▬ ▬▬▬▬ ▬▬ ▬▬▬ ▬▬ ▬ ▬▬▬▬ ▬▬▬ ▬ ▬▬▬ ▬▬ ▬▬▬▬ ▬ ▬▬ ▬▬▬ ▬▬▬▬ ▬▬ ▬▬▬ ▬ ▬▬▬▬ ▬▬ ▬▬▬ ▬▬ ▬ ▬▬▬▬ ▬▬▬ ▬ ▬▬▬ ▬▬ ▬▬▬▬ ▬ ▬▬ ▬▬▬ ▬▬▬▬ ▬▬ ▬▬▬ ▬ ▬▬▬▬ ▬▬ ▬▬▬ ▬▬ ▬ ▬▬▬▬ ▬▬▬ ▬ ▬▬▬ ▬▬ ▬▬▬▬ ▬ ▬▬ ▬▬▬ ▬▬▬▬ ▬▬ ▬▬▬ ▬ ▬▬▬▬ ▬▬ ▬▬▬ ▬▬ ▬ ▬▬▬▬ ▬▬▬ ▬ ▬▬▬ ▬▬ ▬▬▬▬ ▬ ▬▬ ▬▬▬ ▬▬▬▬ ▬▬ ▬▬▬ ▬ ▬▬▬▬ ▬▬ ▬▬▬ ▬▬ ▬ ▬▬▬▬ ▬▬▬ ▬ ▬▬▬ ▬▬ ▬▬▬▬ ▬ ▬▬ ▬▬▬ ▬▬▬▬ ▬▬ ▬▬▬ ▬ ▬▬▬▬ ▬▬ ▬▬▬ ▬▬ ▬ ▬▬▬▬ ▬▬▬ ▬ ▬▬▬ ▬▬ ▬▬▬▬ ▬ ▬▬ ▬▬▬ ▬▬▬▬ ▬▬ ▬▬▬ ▬
▬▬ ▬▬▬ ▬ ▬▬▬▬ ▬▬ ▬▬▬ ▬▬ ▬ ▬▬▬▬ ▬▬▬ ▬ ▬▬▬ ▬▬ ▬▬▬▬ ▬ ▬▬ ▬▬▬ ▬▬▬▬ ▬▬ ▬▬▬ ▬ ▬▬▬▬ ▬▬ ▬▬▬ ▬▬ ▬ ▬▬▬▬ ▬▬▬ ▬ ▬▬▬ ▬▬ ▬▬▬▬ ▬ ▬▬ ▬▬▬ ▬▬▬▬ ▬▬ ▬▬▬ ▬ ▬▬▬▬ ▬▬ ▬▬▬ ▬▬ ▬ ▬▬▬▬ ▬▬▬ ▬ ▬▬▬ ▬▬ ▬▬▬▬ ▬ ▬▬ ▬▬▬ ▬▬▬▬ ▬▬ ▬▬▬ ▬ ▬▬▬▬ ▬▬ ▬▬▬ ▬▬ ▬ ▬▬▬▬ ▬▬▬ ▬ ▬▬▬ ▬▬ ▬▬▬▬ ▬ ▬▬ ▬▬▬ ▬▬▬▬ ▬▬ ▬▬▬ ▬ ▬▬▬▬ ▬▬ ▬▬▬ ▬▬ ▬ ▬▬▬▬ ▬▬▬ ▬ ▬▬▬ ▬▬ ▬▬▬▬ ▬ ▬▬ ▬▬▬ ▬▬▬▬ ▬▬ ▬▬▬ ▬ ▬▬▬▬ ▬▬ ▬▬▬ ▬▬ ▬ ▬▬▬▬ ▬▬▬ ▬ ▬▬▬ ▬▬ ▬▬▬▬ ▬ ▬▬ ▬▬▬ ▬▬▬▬ ▬▬ ▬▬▬ ▬ ▬▬▬▬ ▬▬ ▬▬▬ ▬▬ ▬ ▬▬▬▬ ▬▬▬ ▬ ▬▬▬ ▬▬ ▬▬▬▬ ▬ ▬▬ ▬▬▬ ▬▬▬▬ ▬▬ ▬▬▬ ▬ ▬▬▬▬ ▬▬ ▬▬▬ ▬▬ ▬ ▬▬▬▬ ▬▬▬ ▬ ▬▬▬ ▬▬ ▬▬▬▬ ▬ ▬▬ ▬▬▬ ▬▬▬▬ ▬▬ ▬▬▬ ▬ ▬▬▬▬ ▬▬ ▬▬▬ ▬▬ ▬ ▬▬▬▬ ▬▬▬ ▬ ▬▬▬ ▬▬ ▬▬▬▬ ▬ ▬▬ ▬▬▬ ▬▬▬▬ ▬▬ ▬▬▬ ▬ ▬▬▬▬ ▬▬ ▬▬▬ ▬▬ ▬ ▬▬▬▬ ▬▬▬ ▬ ▬▬▬ ▬▬ ▬▬▬▬ ▬ ▬▬ ▬▬▬ ▬▬▬▬ ▬▬ ▬▬▬ ▬ ▬▬▬▬ ▬▬ ▬▬▬ ▬▬ ▬ ▬▬▬▬ ▬▬▬ ▬ ▬▬▬ ▬▬ ▬▬▬▬ ▬ ▬▬ ▬▬▬ ▬▬▬▬ ▬▬ ▬▬▬ ▬ ▬▬▬▬ ▬▬ ▬▬▬ ▬▬ ▬ ▬▬▬▬ ▬▬▬ ▬ ▬▬▬ ▬▬ ▬▬▬▬ ▬ ▬▬ ▬▬▬ ▬▬▬▬ ▬▬ ▬▬▬ ▬ ▬▬▬▬ ▬▬ ▬▬▬ ▬▬ ▬ ▬▬▬▬ ▬▬▬ ▬ ▬▬▬ ▬▬ ▬▬▬▬ ▬ ▬▬ ▬▬▬ ▬▬▬▬ ▬▬ ▬▬▬ ▬ ▬▬▬▬ ▬▬ ▬▬▬ ▬▬ ▬ ▬▬▬▬ ▬▬▬ ▬ ▬▬▬ ▬▬ ▬▬▬▬ ▬ ▬▬ ▬▬▬ ▬▬▬▬ ▬▬ ▬▬▬ ▬ ▬▬▬▬ ▬▬ ▬▬▬ ▬▬ ▬ ▬▬▬▬ ▬▬▬ ▬ ▬▬▬ ▬▬ ▬▬▬▬ ▬ ▬▬ ▬▬▬ ▬▬▬▬ ▬▬ ▬▬▬ ▬ ▬▬▬▬ ▬▬ ▬▬▬ ▬▬ ▬ ▬▬▬▬ ▬▬▬ ▬ ▬▬▬ ▬▬ ▬▬▬▬ ▬ ▬▬ ▬▬▬ ▬▬▬▬ ▬▬ ▬▬▬ ▬ ▬▬▬▬ ▬▬ ▬▬▬ ▬▬ ▬ ▬▬▬▬ ▬▬▬ ▬ ▬▬▬ ▬▬ ▬▬▬▬ ▬ ▬▬ ▬▬▬ ▬▬▬▬ ▬▬ ▬▬▬ ▬ ▬▬▬▬ ▬▬ ▬▬▬ ▬▬ ▬ ▬▬▬▬ ▬▬▬ ▬ ▬▬▬ ▬▬ ▬▬▬▬ ▬ ▬▬ ▬▬▬ ▬▬▬▬ ▬▬ ▬▬▬ ▬ ▬▬▬▬ ▬▬ ▬▬▬ ▬▬ ▬ ▬▬▬▬ ▬▬▬ ▬ ▬▬▬ ▬▬ ▬▬▬▬ ▬ ▬▬ ▬▬▬ ▬▬▬▬ ▬▬ ▬▬▬ ▬ ▬▬▬▬ ▬▬ ▬▬▬ ▬▬ ▬ ▬▬▬▬ ▬▬▬ ▬ ▬▬▬ ▬▬ ▬▬▬▬ ▬ ▬▬ ▬▬▬ ▬▬▬▬ ▬▬ ▬▬▬ ▬ ▬▬▬▬ ▬▬ ▬▬▬ ▬▬ ▬ ▬▬▬▬ ▬▬▬ ▬ ▬▬▬ ▬▬ ▬▬▬▬ ▬ ▬▬ ▬▬▬ ▬▬▬▬ ▬▬ ▬▬▬ ▬ ▬▬▬▬ ▬▬ ▬▬▬ ▬▬ ▬ ▬▬▬▬ ▬▬▬ ▬ ▬▬▬ ▬▬ ▬▬▬▬ ▬ ▬▬ ▬▬▬ ▬▬▬▬ ▬▬ ▬▬▬ ▬ ▬▬▬▬ ▬▬ ▬▬▬ ▬▬ ▬ ▬▬▬▬ ▬▬▬ ▬ ▬▬▬ ▬▬ ▬▬▬▬ ▬ ▬▬ ▬▬▬ ▬▬▬▬ ▬▬ ▬▬▬ ▬ ▬▬▬▬ ▬▬ ▬▬▬ ▬▬ ▬ ▬▬▬▬ ▬▬▬ ▬ ▬▬▬ ▬▬ ▬▬▬▬ ▬ ▬▬ ▬▬▬ ▬▬▬▬ ▬▬ ▬▬▬ ▬ ▬▬▬▬ ▬▬ ▬▬▬ ▬▬ ▬ ▬▬▬▬ ▬▬▬ ▬ ▬▬▬ ▬▬ ▬▬▬▬ ▬ ▬▬ ▬▬▬ ▬▬▬▬ ▬▬ ▬▬▬ ▬ ▬▬▬▬ ▬▬ ▬▬▬ ▬▬ ▬ ▬▬▬▬ ▬▬▬ ▬ ▬▬▬ ▬▬ ▬▬▬▬ ▬ ▬▬ ▬▬▬ ▬▬▬▬ ▬▬ ▬▬▬ ▬ ▬▬▬▬ ▬▬ ▬▬▬ ▬▬ ▬ ▬▬▬▬ ▬▬▬ ▬ ▬▬▬ ▬▬ ▬▬▬▬ ▬ ▬▬ ▬▬▬ ▬▬▬▬ ▬▬ ▬▬▬ ▬ ▬▬▬▬ ▬▬ ▬▬▬ ▬▬ ▬ ▬▬▬▬ ▬▬▬ ▬ ▬▬▬ ▬▬ ▬▬▬▬ ▬ ▬▬ ▬▬▬ ▬▬▬▬ ▬▬ ▬▬▬ ▬ ▬▬▬▬ ▬▬ ▬▬▬ ▬▬ ▬ ▬▬▬▬ ▬▬▬ ▬ ▬▬▬ ▬▬ ▬▬▬▬ ▬ ▬▬ ▬▬▬ ▬▬▬▬ ▬▬ ▬▬▬ ▬ ▬▬▬▬ ▬▬ ▬▬▬ ▬▬ ▬ ▬▬▬▬ ▬▬▬ ▬ ▬▬▬ ▬▬ ▬▬▬▬ ▬ ▬▬ ▬▬▬ ▬▬▬▬ ▬▬ ▬▬▬ ▬ ▬▬▬▬ ▬▬ ▬▬▬ ▬▬ ▬ ▬▬▬▬ ▬▬▬ ▬ ▬▬▬ ▬▬ ▬▬▬▬ ▬ ▬▬ ▬▬▬ ▬▬▬▬ ▬▬ ▬▬▬ ▬
